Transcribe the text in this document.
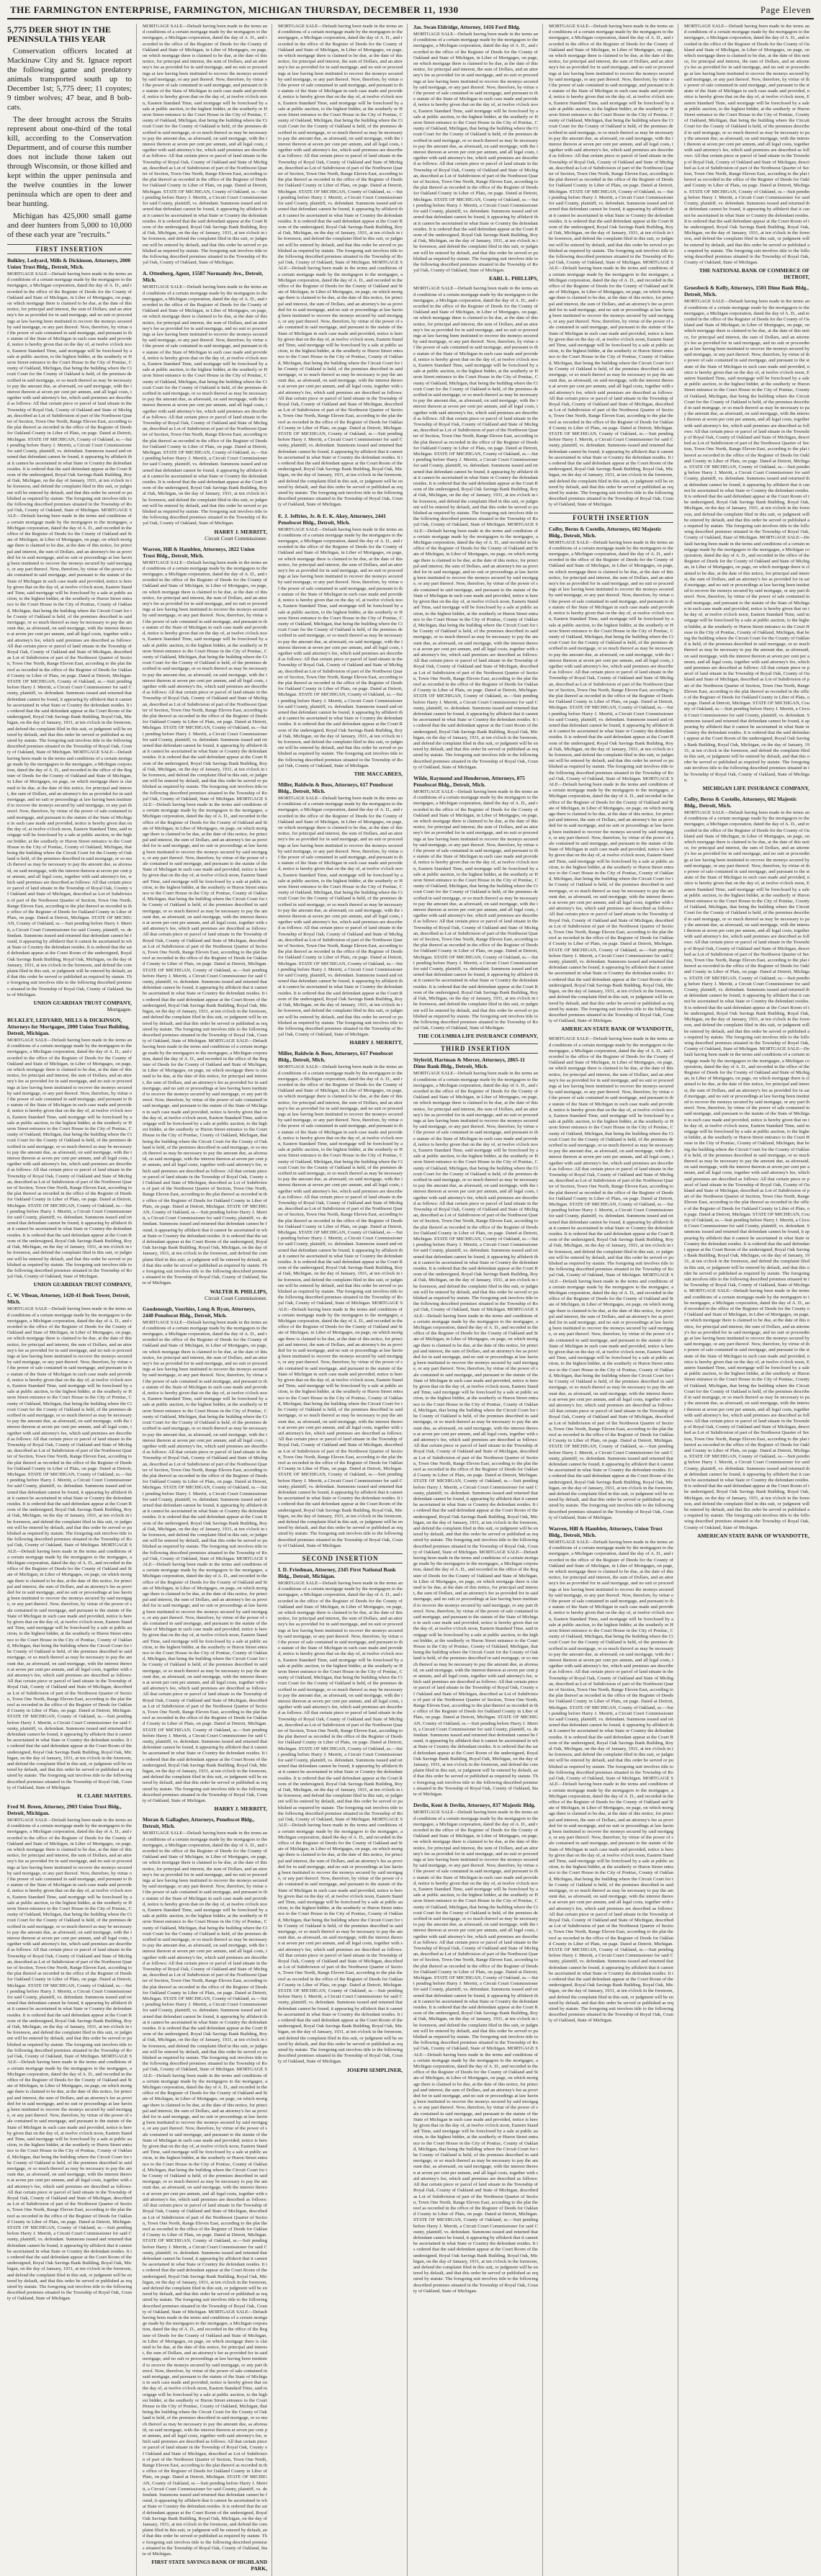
THE FARMINGTON ENTERPRISE, FARMINGTON, MICHIGAN THURSDAY, DECEMBER 11, 1930	Page Eleven
5,775 DEER SHOT IN THE PENINSULA THIS YEAR

Conservation officers located at Mackinaw City and St. Ignace report the following game and predatory animals transported south up to December 1st; 5,775 deer; 11 coyotes; 9 timber wolves; 47 bear, and 8 bob-cats.

The deer brought across the Straits represent about one-third of the total kill, according to the Conservation Department, and of course this number does not include those taken out through Wisconsin, or those killed and kept within the upper peninsula and the twelve counties in the lower peninsula which are open to deer and bear hunting.

Michigan has 425,000 small game and deer hunters from 5,000 to 10,000 of these each year are "recruits."

FIRST INSERTION
Bulkley, Ledyard, Mills & Dickinson, Attorneys, 2000 Union Trust Bldg., Detroit, Mich.
MORTGAGE SALE—Default having been made in the terms and conditions of a certain mortgage made by the mortgagors to the mortgagee, a Michigan corporation, dated the day of A. D., and recorded in the office of the Register of Deeds for the County of Oakland and State of Michigan, in Liber of Mortgages, on page, on which mortgage there is claimed to be due, at the date of this notice, for principal and interest, the sum of Dollars, and an attorney's fee as provided for in said mortgage, and no suit or proceedings at law having been instituted to recover the moneys secured by said mortgage, or any part thereof. Now, therefore, by virtue of the power of sale contained in said mortgage, and pursuant to the statute of the State of Michigan in such case made and provided, notice is hereby given that on the day of, at twelve o'clock noon, Eastern Standard Time, said mortgage will be foreclosed by a sale at public auction, to the highest bidder, at the southerly or Huron Street entrance to the Court House in the City of Pontiac, County of Oakland, Michigan, that being the building where the Circuit Court for the County of Oakland is held, of the premises described in said mortgage, or so much thereof as may be necessary to pay the amount due, as aforesaid, on said mortgage, with the interest thereon at seven per cent per annum, and all legal costs, together with said attorney's fee, which said premises are described as follows: All that certain piece or parcel of land situate in the Township of Royal Oak, County of Oakland and State of Michigan, described as Lot of Subdivision of part of the Northwest Quarter of Section, Town One North, Range Eleven East, according to the plat thereof as recorded in the office of the Register of Deeds for Oakland County in Liber of Plats, on page. Dated at Detroit, Michigan. STATE OF MICHIGAN, County of Oakland, ss.—Suit pending before Harry J. Merritt, a Circuit Court Commissioner for said County, plaintiff, vs. defendant. Summons issued and returned that defendant cannot be found, it appearing by affidavit that it cannot be ascertained in what State or Country the defendant resides. It is ordered that the said defendant appear at the Court Room of the undersigned, Royal Oak Savings Bank Building, Royal Oak, Michigan, on the day of January, 1931, at ten o'clock in the forenoon, and defend the complaint filed in this suit, or judgment will be entered by default, and that this order be served or published as required by statute. The foregoing suit involves title to the following described premises situated in the Township of Royal Oak, County of Oakland, State of Michigan. MORTGAGE SALE—Default having been made in the terms and conditions of a certain mortgage made by the mortgagors to the mortgagee, a Michigan corporation, dated the day of A. D., and recorded in the office of the Register of Deeds for the County of Oakland and State of Michigan, in Liber of Mortgages, on page, on which mortgage there is claimed to be due, at the date of this notice, for principal and interest, the sum of Dollars, and an attorney's fee as provided for in said mortgage, and no suit or proceedings at law having been instituted to recover the moneys secured by said mortgage, or any part thereof. Now, therefore, by virtue of the power of sale contained in said mortgage, and pursuant to the statute of the State of Michigan in such case made and provided, notice is hereby given that on the day of, at twelve o'clock noon, Eastern Standard Time, said mortgage will be foreclosed by a sale at public auction, to the highest bidder, at the southerly or Huron Street entrance to the Court House in the City of Pontiac, County of Oakland, Michigan, that being the building where the Circuit Court for the County of Oakland is held, of the premises described in said mortgage, or so much thereof as may be necessary to pay the amount due, as aforesaid, on said mortgage, with the interest thereon at seven per cent per annum, and all legal costs, together with said attorney's fee, which said premises are described as follows: All that certain piece or parcel of land situate in the Township of Royal Oak, County of Oakland and State of Michigan, described as Lot of Subdivision of part of the Northwest Quarter of Section, Town One North, Range Eleven East, according to the plat thereof as recorded in the office of the Register of Deeds for Oakland County in Liber of Plats, on page. Dated at Detroit, Michigan. STATE OF MICHIGAN, County of Oakland, ss.—Suit pending before Harry J. Merritt, a Circuit Court Commissioner for said County, plaintiff, vs. defendant. Summons issued and returned that defendant cannot be found, it appearing by affidavit that it cannot be ascertained in what State or Country the defendant resides. It is ordered that the said defendant appear at the Court Room of the undersigned, Royal Oak Savings Bank Building, Royal Oak, Michigan, on the day of January, 1931, at ten o'clock in the forenoon, and defend the complaint filed in this suit, or judgment will be entered by default, and that this order be served or published as required by statute. The foregoing suit involves title to the following described premises situated in the Township of Royal Oak, County of Oakland, State of Michigan. MORTGAGE SALE—Default having been made in the terms and conditions of a certain mortgage made by the mortgagors to the mortgagee, a Michigan corporation, dated the day of A. D., and recorded in the office of the Register of Deeds for the County of Oakland and State of Michigan, in Liber of Mortgages, on page, on which mortgage there is claimed to be due, at the date of this notice, for principal and interest, the sum of Dollars, and an attorney's fee as provided for in said mortgage, and no suit or proceedings at law having been instituted to recover the moneys secured by said mortgage, or any part thereof. Now, therefore, by virtue of the power of sale contained in said mortgage, and pursuant to the statute of the State of Michigan in such case made and provided, notice is hereby given that on the day of, at twelve o'clock noon, Eastern Standard Time, said mortgage will be foreclosed by a sale at public auction, to the highest bidder, at the southerly or Huron Street entrance to the Court House in the City of Pontiac, County of Oakland, Michigan, that being the building where the Circuit Court for the County of Oakland is held, of the premises described in said mortgage, or so much thereof as may be necessary to pay the amount due, as aforesaid, on said mortgage, with the interest thereon at seven per cent per annum, and all legal costs, together with said attorney's fee, which said premises are described as follows: All that certain piece or parcel of land situate in the Township of Royal Oak, County of Oakland and State of Michigan, described as Lot of Subdivision of part of the Northwest Quarter of Section, Town One North, Range Eleven East, according to the plat thereof as recorded in the office of the Register of Deeds for Oakland County in Liber of Plats, on page. Dated at Detroit, Michigan. STATE OF MICHIGAN, County of Oakland, ss.—Suit pending before Harry J. Merritt, a Circuit Court Commissioner for said County, plaintiff, vs. defendant. Summons issued and returned that defendant cannot be found, it appearing by affidavit that it cannot be ascertained in what State or Country the defendant resides. It is ordered that the said defendant appear at the Court Room of the undersigned, Royal Oak Savings Bank Building, Royal Oak, Michigan, on the day of January, 1931, at ten o'clock in the forenoon, and defend the complaint filed in this suit, or judgment will be entered by default, and that this order be served or published as required by statute. The foregoing suit involves title to the following described premises situated in the Township of Royal Oak, County of Oakland, State of Michigan.
UNION GUARDIAN TRUST COMPANY,
Mortgagee.
BULKLEY, LEDYARD, MILLS & DICKINSON, Attorneys for Mortgagee, 2000 Union Trust Building, Detroit, Michigan.
MORTGAGE SALE—Default having been made in the terms and conditions of a certain mortgage made by the mortgagors to the mortgagee, a Michigan corporation, dated the day of A. D., and recorded in the office of the Register of Deeds for the County of Oakland and State of Michigan, in Liber of Mortgages, on page, on which mortgage there is claimed to be due, at the date of this notice, for principal and interest, the sum of Dollars, and an attorney's fee as provided for in said mortgage, and no suit or proceedings at law having been instituted to recover the moneys secured by said mortgage, or any part thereof. Now, therefore, by virtue of the power of sale contained in said mortgage, and pursuant to the statute of the State of Michigan in such case made and provided, notice is hereby given that on the day of, at twelve o'clock noon, Eastern Standard Time, said mortgage will be foreclosed by a sale at public auction, to the highest bidder, at the southerly or Huron Street entrance to the Court House in the City of Pontiac, County of Oakland, Michigan, that being the building where the Circuit Court for the County of Oakland is held, of the premises described in said mortgage, or so much thereof as may be necessary to pay the amount due, as aforesaid, on said mortgage, with the interest thereon at seven per cent per annum, and all legal costs, together with said attorney's fee, which said premises are described as follows: All that certain piece or parcel of land situate in the Township of Royal Oak, County of Oakland and State of Michigan, described as Lot of Subdivision of part of the Northwest Quarter of Section, Town One North, Range Eleven East, according to the plat thereof as recorded in the office of the Register of Deeds for Oakland County in Liber of Plats, on page. Dated at Detroit, Michigan. STATE OF MICHIGAN, County of Oakland, ss.—Suit pending before Harry J. Merritt, a Circuit Court Commissioner for said County, plaintiff, vs. defendant. Summons issued and returned that defendant cannot be found, it appearing by affidavit that it cannot be ascertained in what State or Country the defendant resides. It is ordered that the said defendant appear at the Court Room of the undersigned, Royal Oak Savings Bank Building, Royal Oak, Michigan, on the day of January, 1931, at ten o'clock in the forenoon, and defend the complaint filed in this suit, or judgment will be entered by default, and that this order be served or published as required by statute. The foregoing suit involves title to the following described premises situated in the Township of Royal Oak, County of Oakland, State of Michigan.
UNION GUARDIAN TRUST COMPANY,
C. W. Vibean, Attorney, 1420-41 Book Tower, Detroit, Mich.
MORTGAGE SALE—Default having been made in the terms and conditions of a certain mortgage made by the mortgagors to the mortgagee, a Michigan corporation, dated the day of A. D., and recorded in the office of the Register of Deeds for the County of Oakland and State of Michigan, in Liber of Mortgages, on page, on which mortgage there is claimed to be due, at the date of this notice, for principal and interest, the sum of Dollars, and an attorney's fee as provided for in said mortgage, and no suit or proceedings at law having been instituted to recover the moneys secured by said mortgage, or any part thereof. Now, therefore, by virtue of the power of sale contained in said mortgage, and pursuant to the statute of the State of Michigan in such case made and provided, notice is hereby given that on the day of, at twelve o'clock noon, Eastern Standard Time, said mortgage will be foreclosed by a sale at public auction, to the highest bidder, at the southerly or Huron Street entrance to the Court House in the City of Pontiac, County of Oakland, Michigan, that being the building where the Circuit Court for the County of Oakland is held, of the premises described in said mortgage, or so much thereof as may be necessary to pay the amount due, as aforesaid, on said mortgage, with the interest thereon at seven per cent per annum, and all legal costs, together with said attorney's fee, which said premises are described as follows: All that certain piece or parcel of land situate in the Township of Royal Oak, County of Oakland and State of Michigan, described as Lot of Subdivision of part of the Northwest Quarter of Section, Town One North, Range Eleven East, according to the plat thereof as recorded in the office of the Register of Deeds for Oakland County in Liber of Plats, on page. Dated at Detroit, Michigan. STATE OF MICHIGAN, County of Oakland, ss.—Suit pending before Harry J. Merritt, a Circuit Court Commissioner for said County, plaintiff, vs. defendant. Summons issued and returned that defendant cannot be found, it appearing by affidavit that it cannot be ascertained in what State or Country the defendant resides. It is ordered that the said defendant appear at the Court Room of the undersigned, Royal Oak Savings Bank Building, Royal Oak, Michigan, on the day of January, 1931, at ten o'clock in the forenoon, and defend the complaint filed in this suit, or judgment will be entered by default, and that this order be served or published as required by statute. The foregoing suit involves title to the following described premises situated in the Township of Royal Oak, County of Oakland, State of Michigan. MORTGAGE SALE—Default having been made in the terms and conditions of a certain mortgage made by the mortgagors to the mortgagee, a Michigan corporation, dated the day of A. D., and recorded in the office of the Register of Deeds for the County of Oakland and State of Michigan, in Liber of Mortgages, on page, on which mortgage there is claimed to be due, at the date of this notice, for principal and interest, the sum of Dollars, and an attorney's fee as provided for in said mortgage, and no suit or proceedings at law having been instituted to recover the moneys secured by said mortgage, or any part thereof. Now, therefore, by virtue of the power of sale contained in said mortgage, and pursuant to the statute of the State of Michigan in such case made and provided, notice is hereby given that on the day of, at twelve o'clock noon, Eastern Standard Time, said mortgage will be foreclosed by a sale at public auction, to the highest bidder, at the southerly or Huron Street entrance to the Court House in the City of Pontiac, County of Oakland, Michigan, that being the building where the Circuit Court for the County of Oakland is held, of the premises described in said mortgage, or so much thereof as may be necessary to pay the amount due, as aforesaid, on said mortgage, with the interest thereon at seven per cent per annum, and all legal costs, together with said attorney's fee, which said premises are described as follows: All that certain piece or parcel of land situate in the Township of Royal Oak, County of Oakland and State of Michigan, described as Lot of Subdivision of part of the Northwest Quarter of Section, Town One North, Range Eleven East, according to the plat thereof as recorded in the office of the Register of Deeds for Oakland County in Liber of Plats, on page. Dated at Detroit, Michigan. STATE OF MICHIGAN, County of Oakland, ss.—Suit pending before Harry J. Merritt, a Circuit Court Commissioner for said County, plaintiff, vs. defendant. Summons issued and returned that defendant cannot be found, it appearing by affidavit that it cannot be ascertained in what State or Country the defendant resides. It is ordered that the said defendant appear at the Court Room of the undersigned, Royal Oak Savings Bank Building, Royal Oak, Michigan, on the day of January, 1931, at ten o'clock in the forenoon, and defend the complaint filed in this suit, or judgment will be entered by default, and that this order be served or published as required by statute. The foregoing suit involves title to the following described premises situated in the Township of Royal Oak, County of Oakland, State of Michigan.
H. CLARE MASTERS.
Fred M. Breen, Attorney, 2903 Union Trust Bldg., Detroit, Michigan.
MORTGAGE SALE—Default having been made in the terms and conditions of a certain mortgage made by the mortgagors to the mortgagee, a Michigan corporation, dated the day of A. D., and recorded in the office of the Register of Deeds for the County of Oakland and State of Michigan, in Liber of Mortgages, on page, on which mortgage there is claimed to be due, at the date of this notice, for principal and interest, the sum of Dollars, and an attorney's fee as provided for in said mortgage, and no suit or proceedings at law having been instituted to recover the moneys secured by said mortgage, or any part thereof. Now, therefore, by virtue of the power of sale contained in said mortgage, and pursuant to the statute of the State of Michigan in such case made and provided, notice is hereby given that on the day of, at twelve o'clock noon, Eastern Standard Time, said mortgage will be foreclosed by a sale at public auction, to the highest bidder, at the southerly or Huron Street entrance to the Court House in the City of Pontiac, County of Oakland, Michigan, that being the building where the Circuit Court for the County of Oakland is held, of the premises described in said mortgage, or so much thereof as may be necessary to pay the amount due, as aforesaid, on said mortgage, with the interest thereon at seven per cent per annum, and all legal costs, together with said attorney's fee, which said premises are described as follows: All that certain piece or parcel of land situate in the Township of Royal Oak, County of Oakland and State of Michigan, described as Lot of Subdivision of part of the Northwest Quarter of Section, Town One North, Range Eleven East, according to the plat thereof as recorded in the office of the Register of Deeds for Oakland County in Liber of Plats, on page. Dated at Detroit, Michigan. STATE OF MICHIGAN, County of Oakland, ss.—Suit pending before Harry J. Merritt, a Circuit Court Commissioner for said County, plaintiff, vs. defendant. Summons issued and returned that defendant cannot be found, it appearing by affidavit that it cannot be ascertained in what State or Country the defendant resides. It is ordered that the said defendant appear at the Court Room of the undersigned, Royal Oak Savings Bank Building, Royal Oak, Michigan, on the day of January, 1931, at ten o'clock in the forenoon, and defend the complaint filed in this suit, or judgment will be entered by default, and that this order be served or published as required by statute. The foregoing suit involves title to the following described premises situated in the Township of Royal Oak, County of Oakland, State of Michigan. MORTGAGE SALE—Default having been made in the terms and conditions of a certain mortgage made by the mortgagors to the mortgagee, a Michigan corporation, dated the day of A. D., and recorded in the office of the Register of Deeds for the County of Oakland and State of Michigan, in Liber of Mortgages, on page, on which mortgage there is claimed to be due, at the date of this notice, for principal and interest, the sum of Dollars, and an attorney's fee as provided for in said mortgage, and no suit or proceedings at law having been instituted to recover the moneys secured by said mortgage, or any part thereof. Now, therefore, by virtue of the power of sale contained in said mortgage, and pursuant to the statute of the State of Michigan in such case made and provided, notice is hereby given that on the day of, at twelve o'clock noon, Eastern Standard Time, said mortgage will be foreclosed by a sale at public auction, to the highest bidder, at the southerly or Huron Street entrance to the Court House in the City of Pontiac, County of Oakland, Michigan, that being the building where the Circuit Court for the County of Oakland is held, of the premises described in said mortgage, or so much thereof as may be necessary to pay the amount due, as aforesaid, on said mortgage, with the interest thereon at seven per cent per annum, and all legal costs, together with said attorney's fee, which said premises are described as follows: All that certain piece or parcel of land situate in the Township of Royal Oak, County of Oakland and State of Michigan, described as Lot of Subdivision of part of the Northwest Quarter of Section, Town One North, Range Eleven East, according to the plat thereof as recorded in the office of the Register of Deeds for Oakland County in Liber of Plats, on page. Dated at Detroit, Michigan. STATE OF MICHIGAN, County of Oakland, ss.—Suit pending before Harry J. Merritt, a Circuit Court Commissioner for said County, plaintiff, vs. defendant. Summons issued and returned that defendant cannot be found, it appearing by affidavit that it cannot be ascertained in what State or Country the defendant resides. It is ordered that the said defendant appear at the Court Room of the undersigned, Royal Oak Savings Bank Building, Royal Oak, Michigan, on the day of January, 1931, at ten o'clock in the forenoon, and defend the complaint filed in this suit, or judgment will be entered by default, and that this order be served or published as required by statute. The foregoing suit involves title to the following described premises situated in the Township of Royal Oak, County of Oakland, State of Michigan.
MORTGAGE SALE—Default having been made in the terms and conditions of a certain mortgage made by the mortgagors to the mortgagee, a Michigan corporation, dated the day of A. D., and recorded in the office of the Register of Deeds for the County of Oakland and State of Michigan, in Liber of Mortgages, on page, on which mortgage there is claimed to be due, at the date of this notice, for principal and interest, the sum of Dollars, and an attorney's fee as provided for in said mortgage, and no suit or proceedings at law having been instituted to recover the moneys secured by said mortgage, or any part thereof. Now, therefore, by virtue of the power of sale contained in said mortgage, and pursuant to the statute of the State of Michigan in such case made and provided, notice is hereby given that on the day of, at twelve o'clock noon, Eastern Standard Time, said mortgage will be foreclosed by a sale at public auction, to the highest bidder, at the southerly or Huron Street entrance to the Court House in the City of Pontiac, County of Oakland, Michigan, that being the building where the Circuit Court for the County of Oakland is held, of the premises described in said mortgage, or so much thereof as may be necessary to pay the amount due, as aforesaid, on said mortgage, with the interest thereon at seven per cent per annum, and all legal costs, together with said attorney's fee, which said premises are described as follows: All that certain piece or parcel of land situate in the Township of Royal Oak, County of Oakland and State of Michigan, described as Lot of Subdivision of part of the Northwest Quarter of Section, Town One North, Range Eleven East, according to the plat thereof as recorded in the office of the Register of Deeds for Oakland County in Liber of Plats, on page. Dated at Detroit, Michigan. STATE OF MICHIGAN, County of Oakland, ss.—Suit pending before Harry J. Merritt, a Circuit Court Commissioner for said County, plaintiff, vs. defendant. Summons issued and returned that defendant cannot be found, it appearing by affidavit that it cannot be ascertained in what State or Country the defendant resides. It is ordered that the said defendant appear at the Court Room of the undersigned, Royal Oak Savings Bank Building, Royal Oak, Michigan, on the day of January, 1931, at ten o'clock in the forenoon, and defend the complaint filed in this suit, or judgment will be entered by default, and that this order be served or published as required by statute. The foregoing suit involves title to the following described premises situated in the Township of Royal Oak, County of Oakland, State of Michigan.
A. Ottenberg, Agent, 15587 Normandy Ave., Detroit, Mich.
MORTGAGE SALE—Default having been made in the terms and conditions of a certain mortgage made by the mortgagors to the mortgagee, a Michigan corporation, dated the day of A. D., and recorded in the office of the Register of Deeds for the County of Oakland and State of Michigan, in Liber of Mortgages, on page, on which mortgage there is claimed to be due, at the date of this notice, for principal and interest, the sum of Dollars, and an attorney's fee as provided for in said mortgage, and no suit or proceedings at law having been instituted to recover the moneys secured by said mortgage, or any part thereof. Now, therefore, by virtue of the power of sale contained in said mortgage, and pursuant to the statute of the State of Michigan in such case made and provided, notice is hereby given that on the day of, at twelve o'clock noon, Eastern Standard Time, said mortgage will be foreclosed by a sale at public auction, to the highest bidder, at the southerly or Huron Street entrance to the Court House in the City of Pontiac, County of Oakland, Michigan, that being the building where the Circuit Court for the County of Oakland is held, of the premises described in said mortgage, or so much thereof as may be necessary to pay the amount due, as aforesaid, on said mortgage, with the interest thereon at seven per cent per annum, and all legal costs, together with said attorney's fee, which said premises are described as follows: All that certain piece or parcel of land situate in the Township of Royal Oak, County of Oakland and State of Michigan, described as Lot of Subdivision of part of the Northwest Quarter of Section, Town One North, Range Eleven East, according to the plat thereof as recorded in the office of the Register of Deeds for Oakland County in Liber of Plats, on page. Dated at Detroit, Michigan. STATE OF MICHIGAN, County of Oakland, ss.—Suit pending before Harry J. Merritt, a Circuit Court Commissioner for said County, plaintiff, vs. defendant. Summons issued and returned that defendant cannot be found, it appearing by affidavit that it cannot be ascertained in what State or Country the defendant resides. It is ordered that the said defendant appear at the Court Room of the undersigned, Royal Oak Savings Bank Building, Royal Oak, Michigan, on the day of January, 1931, at ten o'clock in the forenoon, and defend the complaint filed in this suit, or judgment will be entered by default, and that this order be served or published as required by statute. The foregoing suit involves title to the following described premises situated in the Township of Royal Oak, County of Oakland, State of Michigan.
HARRY J. MERRITT,
Circuit Court Commissioner.
Warren, Hill & Hamblen, Attorneys, 2822 Union Trust Bldg., Detroit, Mich.
MORTGAGE SALE—Default having been made in the terms and conditions of a certain mortgage made by the mortgagors to the mortgagee, a Michigan corporation, dated the day of A. D., and recorded in the office of the Register of Deeds for the County of Oakland and State of Michigan, in Liber of Mortgages, on page, on which mortgage there is claimed to be due, at the date of this notice, for principal and interest, the sum of Dollars, and an attorney's fee as provided for in said mortgage, and no suit or proceedings at law having been instituted to recover the moneys secured by said mortgage, or any part thereof. Now, therefore, by virtue of the power of sale contained in said mortgage, and pursuant to the statute of the State of Michigan in such case made and provided, notice is hereby given that on the day of, at twelve o'clock noon, Eastern Standard Time, said mortgage will be foreclosed by a sale at public auction, to the highest bidder, at the southerly or Huron Street entrance to the Court House in the City of Pontiac, County of Oakland, Michigan, that being the building where the Circuit Court for the County of Oakland is held, of the premises described in said mortgage, or so much thereof as may be necessary to pay the amount due, as aforesaid, on said mortgage, with the interest thereon at seven per cent per annum, and all legal costs, together with said attorney's fee, which said premises are described as follows: All that certain piece or parcel of land situate in the Township of Royal Oak, County of Oakland and State of Michigan, described as Lot of Subdivision of part of the Northwest Quarter of Section, Town One North, Range Eleven East, according to the plat thereof as recorded in the office of the Register of Deeds for Oakland County in Liber of Plats, on page. Dated at Detroit, Michigan. STATE OF MICHIGAN, County of Oakland, ss.—Suit pending before Harry J. Merritt, a Circuit Court Commissioner for said County, plaintiff, vs. defendant. Summons issued and returned that defendant cannot be found, it appearing by affidavit that it cannot be ascertained in what State or Country the defendant resides. It is ordered that the said defendant appear at the Court Room of the undersigned, Royal Oak Savings Bank Building, Royal Oak, Michigan, on the day of January, 1931, at ten o'clock in the forenoon, and defend the complaint filed in this suit, or judgment will be entered by default, and that this order be served or published as required by statute. The foregoing suit involves title to the following described premises situated in the Township of Royal Oak, County of Oakland, State of Michigan. MORTGAGE SALE—Default having been made in the terms and conditions of a certain mortgage made by the mortgagors to the mortgagee, a Michigan corporation, dated the day of A. D., and recorded in the office of the Register of Deeds for the County of Oakland and State of Michigan, in Liber of Mortgages, on page, on which mortgage there is claimed to be due, at the date of this notice, for principal and interest, the sum of Dollars, and an attorney's fee as provided for in said mortgage, and no suit or proceedings at law having been instituted to recover the moneys secured by said mortgage, or any part thereof. Now, therefore, by virtue of the power of sale contained in said mortgage, and pursuant to the statute of the State of Michigan in such case made and provided, notice is hereby given that on the day of, at twelve o'clock noon, Eastern Standard Time, said mortgage will be foreclosed by a sale at public auction, to the highest bidder, at the southerly or Huron Street entrance to the Court House in the City of Pontiac, County of Oakland, Michigan, that being the building where the Circuit Court for the County of Oakland is held, of the premises described in said mortgage, or so much thereof as may be necessary to pay the amount due, as aforesaid, on said mortgage, with the interest thereon at seven per cent per annum, and all legal costs, together with said attorney's fee, which said premises are described as follows: All that certain piece or parcel of land situate in the Township of Royal Oak, County of Oakland and State of Michigan, described as Lot of Subdivision of part of the Northwest Quarter of Section, Town One North, Range Eleven East, according to the plat thereof as recorded in the office of the Register of Deeds for Oakland County in Liber of Plats, on page. Dated at Detroit, Michigan. STATE OF MICHIGAN, County of Oakland, ss.—Suit pending before Harry J. Merritt, a Circuit Court Commissioner for said County, plaintiff, vs. defendant. Summons issued and returned that defendant cannot be found, it appearing by affidavit that it cannot be ascertained in what State or Country the defendant resides. It is ordered that the said defendant appear at the Court Room of the undersigned, Royal Oak Savings Bank Building, Royal Oak, Michigan, on the day of January, 1931, at ten o'clock in the forenoon, and defend the complaint filed in this suit, or judgment will be entered by default, and that this order be served or published as required by statute. The foregoing suit involves title to the following described premises situated in the Township of Royal Oak, County of Oakland, State of Michigan. MORTGAGE SALE—Default having been made in the terms and conditions of a certain mortgage made by the mortgagors to the mortgagee, a Michigan corporation, dated the day of A. D., and recorded in the office of the Register of Deeds for the County of Oakland and State of Michigan, in Liber of Mortgages, on page, on which mortgage there is claimed to be due, at the date of this notice, for principal and interest, the sum of Dollars, and an attorney's fee as provided for in said mortgage, and no suit or proceedings at law having been instituted to recover the moneys secured by said mortgage, or any part thereof. Now, therefore, by virtue of the power of sale contained in said mortgage, and pursuant to the statute of the State of Michigan in such case made and provided, notice is hereby given that on the day of, at twelve o'clock noon, Eastern Standard Time, said mortgage will be foreclosed by a sale at public auction, to the highest bidder, at the southerly or Huron Street entrance to the Court House in the City of Pontiac, County of Oakland, Michigan, that being the building where the Circuit Court for the County of Oakland is held, of the premises described in said mortgage, or so much thereof as may be necessary to pay the amount due, as aforesaid, on said mortgage, with the interest thereon at seven per cent per annum, and all legal costs, together with said attorney's fee, which said premises are described as follows: All that certain piece or parcel of land situate in the Township of Royal Oak, County of Oakland and State of Michigan, described as Lot of Subdivision of part of the Northwest Quarter of Section, Town One North, Range Eleven East, according to the plat thereof as recorded in the office of the Register of Deeds for Oakland County in Liber of Plats, on page. Dated at Detroit, Michigan. STATE OF MICHIGAN, County of Oakland, ss.—Suit pending before Harry J. Merritt, a Circuit Court Commissioner for said County, plaintiff, vs. defendant. Summons issued and returned that defendant cannot be found, it appearing by affidavit that it cannot be ascertained in what State or Country the defendant resides. It is ordered that the said defendant appear at the Court Room of the undersigned, Royal Oak Savings Bank Building, Royal Oak, Michigan, on the day of January, 1931, at ten o'clock in the forenoon, and defend the complaint filed in this suit, or judgment will be entered by default, and that this order be served or published as required by statute. The foregoing suit involves title to the following described premises situated in the Township of Royal Oak, County of Oakland, State of Michigan.
WALTER B. PHILLIPS,
Circuit Court Commissioner.
Goodenough, Voorhies, Long & Ryan, Attorneys, 2440 Penobscot Bldg., Detroit, Mich.
MORTGAGE SALE—Default having been made in the terms and conditions of a certain mortgage made by the mortgagors to the mortgagee, a Michigan corporation, dated the day of A. D., and recorded in the office of the Register of Deeds for the County of Oakland and State of Michigan, in Liber of Mortgages, on page, on which mortgage there is claimed to be due, at the date of this notice, for principal and interest, the sum of Dollars, and an attorney's fee as provided for in said mortgage, and no suit or proceedings at law having been instituted to recover the moneys secured by said mortgage, or any part thereof. Now, therefore, by virtue of the power of sale contained in said mortgage, and pursuant to the statute of the State of Michigan in such case made and provided, notice is hereby given that on the day of, at twelve o'clock noon, Eastern Standard Time, said mortgage will be foreclosed by a sale at public auction, to the highest bidder, at the southerly or Huron Street entrance to the Court House in the City of Pontiac, County of Oakland, Michigan, that being the building where the Circuit Court for the County of Oakland is held, of the premises described in said mortgage, or so much thereof as may be necessary to pay the amount due, as aforesaid, on said mortgage, with the interest thereon at seven per cent per annum, and all legal costs, together with said attorney's fee, which said premises are described as follows: All that certain piece or parcel of land situate in the Township of Royal Oak, County of Oakland and State of Michigan, described as Lot of Subdivision of part of the Northwest Quarter of Section, Town One North, Range Eleven East, according to the plat thereof as recorded in the office of the Register of Deeds for Oakland County in Liber of Plats, on page. Dated at Detroit, Michigan. STATE OF MICHIGAN, County of Oakland, ss.—Suit pending before Harry J. Merritt, a Circuit Court Commissioner for said County, plaintiff, vs. defendant. Summons issued and returned that defendant cannot be found, it appearing by affidavit that it cannot be ascertained in what State or Country the defendant resides. It is ordered that the said defendant appear at the Court Room of the undersigned, Royal Oak Savings Bank Building, Royal Oak, Michigan, on the day of January, 1931, at ten o'clock in the forenoon, and defend the complaint filed in this suit, or judgment will be entered by default, and that this order be served or published as required by statute. The foregoing suit involves title to the following described premises situated in the Township of Royal Oak, County of Oakland, State of Michigan. MORTGAGE SALE—Default having been made in the terms and conditions of a certain mortgage made by the mortgagors to the mortgagee, a Michigan corporation, dated the day of A. D., and recorded in the office of the Register of Deeds for the County of Oakland and State of Michigan, in Liber of Mortgages, on page, on which mortgage there is claimed to be due, at the date of this notice, for principal and interest, the sum of Dollars, and an attorney's fee as provided for in said mortgage, and no suit or proceedings at law having been instituted to recover the moneys secured by said mortgage, or any part thereof. Now, therefore, by virtue of the power of sale contained in said mortgage, and pursuant to the statute of the State of Michigan in such case made and provided, notice is hereby given that on the day of, at twelve o'clock noon, Eastern Standard Time, said mortgage will be foreclosed by a sale at public auction, to the highest bidder, at the southerly or Huron Street entrance to the Court House in the City of Pontiac, County of Oakland, Michigan, that being the building where the Circuit Court for the County of Oakland is held, of the premises described in said mortgage, or so much thereof as may be necessary to pay the amount due, as aforesaid, on said mortgage, with the interest thereon at seven per cent per annum, and all legal costs, together with said attorney's fee, which said premises are described as follows: All that certain piece or parcel of land situate in the Township of Royal Oak, County of Oakland and State of Michigan, described as Lot of Subdivision of part of the Northwest Quarter of Section, Town One North, Range Eleven East, according to the plat thereof as recorded in the office of the Register of Deeds for Oakland County in Liber of Plats, on page. Dated at Detroit, Michigan. STATE OF MICHIGAN, County of Oakland, ss.—Suit pending before Harry J. Merritt, a Circuit Court Commissioner for said County, plaintiff, vs. defendant. Summons issued and returned that defendant cannot be found, it appearing by affidavit that it cannot be ascertained in what State or Country the defendant resides. It is ordered that the said defendant appear at the Court Room of the undersigned, Royal Oak Savings Bank Building, Royal Oak, Michigan, on the day of January, 1931, at ten o'clock in the forenoon, and defend the complaint filed in this suit, or judgment will be entered by default, and that this order be served or published as required by statute. The foregoing suit involves title to the following described premises situated in the Township of Royal Oak, County of Oakland, State of Michigan.
HARRY J. MERRITT,
Moran & Gallagher, Attorneys, Penobscot Bldg., Detroit, Mich.
MORTGAGE SALE—Default having been made in the terms and conditions of a certain mortgage made by the mortgagors to the mortgagee, a Michigan corporation, dated the day of A. D., and recorded in the office of the Register of Deeds for the County of Oakland and State of Michigan, in Liber of Mortgages, on page, on which mortgage there is claimed to be due, at the date of this notice, for principal and interest, the sum of Dollars, and an attorney's fee as provided for in said mortgage, and no suit or proceedings at law having been instituted to recover the moneys secured by said mortgage, or any part thereof. Now, therefore, by virtue of the power of sale contained in said mortgage, and pursuant to the statute of the State of Michigan in such case made and provided, notice is hereby given that on the day of, at twelve o'clock noon, Eastern Standard Time, said mortgage will be foreclosed by a sale at public auction, to the highest bidder, at the southerly or Huron Street entrance to the Court House in the City of Pontiac, County of Oakland, Michigan, that being the building where the Circuit Court for the County of Oakland is held, of the premises described in said mortgage, or so much thereof as may be necessary to pay the amount due, as aforesaid, on said mortgage, with the interest thereon at seven per cent per annum, and all legal costs, together with said attorney's fee, which said premises are described as follows: All that certain piece or parcel of land situate in the Township of Royal Oak, County of Oakland and State of Michigan, described as Lot of Subdivision of part of the Northwest Quarter of Section, Town One North, Range Eleven East, according to the plat thereof as recorded in the office of the Register of Deeds for Oakland County in Liber of Plats, on page. Dated at Detroit, Michigan. STATE OF MICHIGAN, County of Oakland, ss.—Suit pending before Harry J. Merritt, a Circuit Court Commissioner for said County, plaintiff, vs. defendant. Summons issued and returned that defendant cannot be found, it appearing by affidavit that it cannot be ascertained in what State or Country the defendant resides. It is ordered that the said defendant appear at the Court Room of the undersigned, Royal Oak Savings Bank Building, Royal Oak, Michigan, on the day of January, 1931, at ten o'clock in the forenoon, and defend the complaint filed in this suit, or judgment will be entered by default, and that this order be served or published as required by statute. The foregoing suit involves title to the following described premises situated in the Township of Royal Oak, County of Oakland, State of Michigan. MORTGAGE SALE—Default having been made in the terms and conditions of a certain mortgage made by the mortgagors to the mortgagee, a Michigan corporation, dated the day of A. D., and recorded in the office of the Register of Deeds for the County of Oakland and State of Michigan, in Liber of Mortgages, on page, on which mortgage there is claimed to be due, at the date of this notice, for principal and interest, the sum of Dollars, and an attorney's fee as provided for in said mortgage, and no suit or proceedings at law having been instituted to recover the moneys secured by said mortgage, or any part thereof. Now, therefore, by virtue of the power of sale contained in said mortgage, and pursuant to the statute of the State of Michigan in such case made and provided, notice is hereby given that on the day of, at twelve o'clock noon, Eastern Standard Time, said mortgage will be foreclosed by a sale at public auction, to the highest bidder, at the southerly or Huron Street entrance to the Court House in the City of Pontiac, County of Oakland, Michigan, that being the building where the Circuit Court for the County of Oakland is held, of the premises described in said mortgage, or so much thereof as may be necessary to pay the amount due, as aforesaid, on said mortgage, with the interest thereon at seven per cent per annum, and all legal costs, together with said attorney's fee, which said premises are described as follows: All that certain piece or parcel of land situate in the Township of Royal Oak, County of Oakland and State of Michigan, described as Lot of Subdivision of part of the Northwest Quarter of Section, Town One North, Range Eleven East, according to the plat thereof as recorded in the office of the Register of Deeds for Oakland County in Liber of Plats, on page. Dated at Detroit, Michigan. STATE OF MICHIGAN, County of Oakland, ss.—Suit pending before Harry J. Merritt, a Circuit Court Commissioner for said County, plaintiff, vs. defendant. Summons issued and returned that defendant cannot be found, it appearing by affidavit that it cannot be ascertained in what State or Country the defendant resides. It is ordered that the said defendant appear at the Court Room of the undersigned, Royal Oak Savings Bank Building, Royal Oak, Michigan, on the day of January, 1931, at ten o'clock in the forenoon, and defend the complaint filed in this suit, or judgment will be entered by default, and that this order be served or published as required by statute. The foregoing suit involves title to the following described premises situated in the Township of Royal Oak, County of Oakland, State of Michigan. MORTGAGE SALE—Default having been made in the terms and conditions of a certain mortgage made by the mortgagors to the mortgagee, a Michigan corporation, dated the day of A. D., and recorded in the office of the Register of Deeds for the County of Oakland and State of Michigan, in Liber of Mortgages, on page, on which mortgage there is claimed to be due, at the date of this notice, for principal and interest, the sum of Dollars, and an attorney's fee as provided for in said mortgage, and no suit or proceedings at law having been instituted to recover the moneys secured by said mortgage, or any part thereof. Now, therefore, by virtue of the power of sale contained in said mortgage, and pursuant to the statute of the State of Michigan in such case made and provided, notice is hereby given that on the day of, at twelve o'clock noon, Eastern Standard Time, said mortgage will be foreclosed by a sale at public auction, to the highest bidder, at the southerly or Huron Street entrance to the Court House in the City of Pontiac, County of Oakland, Michigan, that being the building where the Circuit Court for the County of Oakland is held, of the premises described in said mortgage, or so much thereof as may be necessary to pay the amount due, as aforesaid, on said mortgage, with the interest thereon at seven per cent per annum, and all legal costs, together with said attorney's fee, which said premises are described as follows: All that certain piece or parcel of land situate in the Township of Royal Oak, County of Oakland and State of Michigan, described as Lot of Subdivision of part of the Northwest Quarter of Section, Town One North, Range Eleven East, according to the plat thereof as recorded in the office of the Register of Deeds for Oakland County in Liber of Plats, on page. Dated at Detroit, Michigan. STATE OF MICHIGAN, County of Oakland, ss.—Suit pending before Harry J. Merritt, a Circuit Court Commissioner for said County, plaintiff, vs. defendant. Summons issued and returned that defendant cannot be found, it appearing by affidavit that it cannot be ascertained in what State or Country the defendant resides. It is ordered that the said defendant appear at the Court Room of the undersigned, Royal Oak Savings Bank Building, Royal Oak, Michigan, on the day of January, 1931, at ten o'clock in the forenoon, and defend the complaint filed in this suit, or judgment will be entered by default, and that this order be served or published as required by statute. The foregoing suit involves title to the following described premises situated in the Township of Royal Oak, County of Oakland, State of Michigan.
FIRST STATE SAVINGS BANK OF HIGHLAND PARK,
MORTGAGE SALE—Default having been made in the terms and conditions of a certain mortgage made by the mortgagors to the mortgagee, a Michigan corporation, dated the day of A. D., and recorded in the office of the Register of Deeds for the County of Oakland and State of Michigan, in Liber of Mortgages, on page, on which mortgage there is claimed to be due, at the date of this notice, for principal and interest, the sum of Dollars, and an attorney's fee as provided for in said mortgage, and no suit or proceedings at law having been instituted to recover the moneys secured by said mortgage, or any part thereof. Now, therefore, by virtue of the power of sale contained in said mortgage, and pursuant to the statute of the State of Michigan in such case made and provided, notice is hereby given that on the day of, at twelve o'clock noon, Eastern Standard Time, said mortgage will be foreclosed by a sale at public auction, to the highest bidder, at the southerly or Huron Street entrance to the Court House in the City of Pontiac, County of Oakland, Michigan, that being the building where the Circuit Court for the County of Oakland is held, of the premises described in said mortgage, or so much thereof as may be necessary to pay the amount due, as aforesaid, on said mortgage, with the interest thereon at seven per cent per annum, and all legal costs, together with said attorney's fee, which said premises are described as follows: All that certain piece or parcel of land situate in the Township of Royal Oak, County of Oakland and State of Michigan, described as Lot of Subdivision of part of the Northwest Quarter of Section, Town One North, Range Eleven East, according to the plat thereof as recorded in the office of the Register of Deeds for Oakland County in Liber of Plats, on page. Dated at Detroit, Michigan. STATE OF MICHIGAN, County of Oakland, ss.—Suit pending before Harry J. Merritt, a Circuit Court Commissioner for said County, plaintiff, vs. defendant. Summons issued and returned that defendant cannot be found, it appearing by affidavit that it cannot be ascertained in what State or Country the defendant resides. It is ordered that the said defendant appear at the Court Room of the undersigned, Royal Oak Savings Bank Building, Royal Oak, Michigan, on the day of January, 1931, at ten o'clock in the forenoon, and defend the complaint filed in this suit, or judgment will be entered by default, and that this order be served or published as required by statute. The foregoing suit involves title to the following described premises situated in the Township of Royal Oak, County of Oakland, State of Michigan. MORTGAGE SALE—Default having been made in the terms and conditions of a certain mortgage made by the mortgagors to the mortgagee, a Michigan corporation, dated the day of A. D., and recorded in the office of the Register of Deeds for the County of Oakland and State of Michigan, in Liber of Mortgages, on page, on which mortgage there is claimed to be due, at the date of this notice, for principal and interest, the sum of Dollars, and an attorney's fee as provided for in said mortgage, and no suit or proceedings at law having been instituted to recover the moneys secured by said mortgage, or any part thereof. Now, therefore, by virtue of the power of sale contained in said mortgage, and pursuant to the statute of the State of Michigan in such case made and provided, notice is hereby given that on the day of, at twelve o'clock noon, Eastern Standard Time, said mortgage will be foreclosed by a sale at public auction, to the highest bidder, at the southerly or Huron Street entrance to the Court House in the City of Pontiac, County of Oakland, Michigan, that being the building where the Circuit Court for the County of Oakland is held, of the premises described in said mortgage, or so much thereof as may be necessary to pay the amount due, as aforesaid, on said mortgage, with the interest thereon at seven per cent per annum, and all legal costs, together with said attorney's fee, which said premises are described as follows: All that certain piece or parcel of land situate in the Township of Royal Oak, County of Oakland and State of Michigan, described as Lot of Subdivision of part of the Northwest Quarter of Section, Town One North, Range Eleven East, according to the plat thereof as recorded in the office of the Register of Deeds for Oakland County in Liber of Plats, on page. Dated at Detroit, Michigan. STATE OF MICHIGAN, County of Oakland, ss.—Suit pending before Harry J. Merritt, a Circuit Court Commissioner for said County, plaintiff, vs. defendant. Summons issued and returned that defendant cannot be found, it appearing by affidavit that it cannot be ascertained in what State or Country the defendant resides. It is ordered that the said defendant appear at the Court Room of the undersigned, Royal Oak Savings Bank Building, Royal Oak, Michigan, on the day of January, 1931, at ten o'clock in the forenoon, and defend the complaint filed in this suit, or judgment will be entered by default, and that this order be served or published as required by statute. The foregoing suit involves title to the following described premises situated in the Township of Royal Oak, County of Oakland, State of Michigan.
E. J. Jeffries, Jr. & E. K. Akey, Attorneys, 2441 Penobscot Bldg., Detroit, Mich.
MORTGAGE SALE—Default having been made in the terms and conditions of a certain mortgage made by the mortgagors to the mortgagee, a Michigan corporation, dated the day of A. D., and recorded in the office of the Register of Deeds for the County of Oakland and State of Michigan, in Liber of Mortgages, on page, on which mortgage there is claimed to be due, at the date of this notice, for principal and interest, the sum of Dollars, and an attorney's fee as provided for in said mortgage, and no suit or proceedings at law having been instituted to recover the moneys secured by said mortgage, or any part thereof. Now, therefore, by virtue of the power of sale contained in said mortgage, and pursuant to the statute of the State of Michigan in such case made and provided, notice is hereby given that on the day of, at twelve o'clock noon, Eastern Standard Time, said mortgage will be foreclosed by a sale at public auction, to the highest bidder, at the southerly or Huron Street entrance to the Court House in the City of Pontiac, County of Oakland, Michigan, that being the building where the Circuit Court for the County of Oakland is held, of the premises described in said mortgage, or so much thereof as may be necessary to pay the amount due, as aforesaid, on said mortgage, with the interest thereon at seven per cent per annum, and all legal costs, together with said attorney's fee, which said premises are described as follows: All that certain piece or parcel of land situate in the Township of Royal Oak, County of Oakland and State of Michigan, described as Lot of Subdivision of part of the Northwest Quarter of Section, Town One North, Range Eleven East, according to the plat thereof as recorded in the office of the Register of Deeds for Oakland County in Liber of Plats, on page. Dated at Detroit, Michigan. STATE OF MICHIGAN, County of Oakland, ss.—Suit pending before Harry J. Merritt, a Circuit Court Commissioner for said County, plaintiff, vs. defendant. Summons issued and returned that defendant cannot be found, it appearing by affidavit that it cannot be ascertained in what State or Country the defendant resides. It is ordered that the said defendant appear at the Court Room of the undersigned, Royal Oak Savings Bank Building, Royal Oak, Michigan, on the day of January, 1931, at ten o'clock in the forenoon, and defend the complaint filed in this suit, or judgment will be entered by default, and that this order be served or published as required by statute. The foregoing suit involves title to the following described premises situated in the Township of Royal Oak, County of Oakland, State of Michigan.
THE MACCABEES,
Miller, Baldwin & Boos, Attorneys, 617 Penobscot Bldg., Detroit, Mich.
MORTGAGE SALE—Default having been made in the terms and conditions of a certain mortgage made by the mortgagors to the mortgagee, a Michigan corporation, dated the day of A. D., and recorded in the office of the Register of Deeds for the County of Oakland and State of Michigan, in Liber of Mortgages, on page, on which mortgage there is claimed to be due, at the date of this notice, for principal and interest, the sum of Dollars, and an attorney's fee as provided for in said mortgage, and no suit or proceedings at law having been instituted to recover the moneys secured by said mortgage, or any part thereof. Now, therefore, by virtue of the power of sale contained in said mortgage, and pursuant to the statute of the State of Michigan in such case made and provided, notice is hereby given that on the day of, at twelve o'clock noon, Eastern Standard Time, said mortgage will be foreclosed by a sale at public auction, to the highest bidder, at the southerly or Huron Street entrance to the Court House in the City of Pontiac, County of Oakland, Michigan, that being the building where the Circuit Court for the County of Oakland is held, of the premises described in said mortgage, or so much thereof as may be necessary to pay the amount due, as aforesaid, on said mortgage, with the interest thereon at seven per cent per annum, and all legal costs, together with said attorney's fee, which said premises are described as follows: All that certain piece or parcel of land situate in the Township of Royal Oak, County of Oakland and State of Michigan, described as Lot of Subdivision of part of the Northwest Quarter of Section, Town One North, Range Eleven East, according to the plat thereof as recorded in the office of the Register of Deeds for Oakland County in Liber of Plats, on page. Dated at Detroit, Michigan. STATE OF MICHIGAN, County of Oakland, ss.—Suit pending before Harry J. Merritt, a Circuit Court Commissioner for said County, plaintiff, vs. defendant. Summons issued and returned that defendant cannot be found, it appearing by affidavit that it cannot be ascertained in what State or Country the defendant resides. It is ordered that the said defendant appear at the Court Room of the undersigned, Royal Oak Savings Bank Building, Royal Oak, Michigan, on the day of January, 1931, at ten o'clock in the forenoon, and defend the complaint filed in this suit, or judgment will be entered by default, and that this order be served or published as required by statute. The foregoing suit involves title to the following described premises situated in the Township of Royal Oak, County of Oakland, State of Michigan.
HARRY J. MERRITT,
Miller, Baldwin & Boos, Attorneys, 617 Penobscot Bldg., Detroit, Mich.
MORTGAGE SALE—Default having been made in the terms and conditions of a certain mortgage made by the mortgagors to the mortgagee, a Michigan corporation, dated the day of A. D., and recorded in the office of the Register of Deeds for the County of Oakland and State of Michigan, in Liber of Mortgages, on page, on which mortgage there is claimed to be due, at the date of this notice, for principal and interest, the sum of Dollars, and an attorney's fee as provided for in said mortgage, and no suit or proceedings at law having been instituted to recover the moneys secured by said mortgage, or any part thereof. Now, therefore, by virtue of the power of sale contained in said mortgage, and pursuant to the statute of the State of Michigan in such case made and provided, notice is hereby given that on the day of, at twelve o'clock noon, Eastern Standard Time, said mortgage will be foreclosed by a sale at public auction, to the highest bidder, at the southerly or Huron Street entrance to the Court House in the City of Pontiac, County of Oakland, Michigan, that being the building where the Circuit Court for the County of Oakland is held, of the premises described in said mortgage, or so much thereof as may be necessary to pay the amount due, as aforesaid, on said mortgage, with the interest thereon at seven per cent per annum, and all legal costs, together with said attorney's fee, which said premises are described as follows: All that certain piece or parcel of land situate in the Township of Royal Oak, County of Oakland and State of Michigan, described as Lot of Subdivision of part of the Northwest Quarter of Section, Town One North, Range Eleven East, according to the plat thereof as recorded in the office of the Register of Deeds for Oakland County in Liber of Plats, on page. Dated at Detroit, Michigan. STATE OF MICHIGAN, County of Oakland, ss.—Suit pending before Harry J. Merritt, a Circuit Court Commissioner for said County, plaintiff, vs. defendant. Summons issued and returned that defendant cannot be found, it appearing by affidavit that it cannot be ascertained in what State or Country the defendant resides. It is ordered that the said defendant appear at the Court Room of the undersigned, Royal Oak Savings Bank Building, Royal Oak, Michigan, on the day of January, 1931, at ten o'clock in the forenoon, and defend the complaint filed in this suit, or judgment will be entered by default, and that this order be served or published as required by statute. The foregoing suit involves title to the following described premises situated in the Township of Royal Oak, County of Oakland, State of Michigan. MORTGAGE SALE—Default having been made in the terms and conditions of a certain mortgage made by the mortgagors to the mortgagee, a Michigan corporation, dated the day of A. D., and recorded in the office of the Register of Deeds for the County of Oakland and State of Michigan, in Liber of Mortgages, on page, on which mortgage there is claimed to be due, at the date of this notice, for principal and interest, the sum of Dollars, and an attorney's fee as provided for in said mortgage, and no suit or proceedings at law having been instituted to recover the moneys secured by said mortgage, or any part thereof. Now, therefore, by virtue of the power of sale contained in said mortgage, and pursuant to the statute of the State of Michigan in such case made and provided, notice is hereby given that on the day of, at twelve o'clock noon, Eastern Standard Time, said mortgage will be foreclosed by a sale at public auction, to the highest bidder, at the southerly or Huron Street entrance to the Court House in the City of Pontiac, County of Oakland, Michigan, that being the building where the Circuit Court for the County of Oakland is held, of the premises described in said mortgage, or so much thereof as may be necessary to pay the amount due, as aforesaid, on said mortgage, with the interest thereon at seven per cent per annum, and all legal costs, together with said attorney's fee, which said premises are described as follows: All that certain piece or parcel of land situate in the Township of Royal Oak, County of Oakland and State of Michigan, described as Lot of Subdivision of part of the Northwest Quarter of Section, Town One North, Range Eleven East, according to the plat thereof as recorded in the office of the Register of Deeds for Oakland County in Liber of Plats, on page. Dated at Detroit, Michigan. STATE OF MICHIGAN, County of Oakland, ss.—Suit pending before Harry J. Merritt, a Circuit Court Commissioner for said County, plaintiff, vs. defendant. Summons issued and returned that defendant cannot be found, it appearing by affidavit that it cannot be ascertained in what State or Country the defendant resides. It is ordered that the said defendant appear at the Court Room of the undersigned, Royal Oak Savings Bank Building, Royal Oak, Michigan, on the day of January, 1931, at ten o'clock in the forenoon, and defend the complaint filed in this suit, or judgment will be entered by default, and that this order be served or published as required by statute. The foregoing suit involves title to the following described premises situated in the Township of Royal Oak, County of Oakland, State of Michigan.
SECOND INSERTION
I. D. Friedman, Attorney, 2345 First National Bank Bldg., Detroit, Michigan.
MORTGAGE SALE—Default having been made in the terms and conditions of a certain mortgage made by the mortgagors to the mortgagee, a Michigan corporation, dated the day of A. D., and recorded in the office of the Register of Deeds for the County of Oakland and State of Michigan, in Liber of Mortgages, on page, on which mortgage there is claimed to be due, at the date of this notice, for principal and interest, the sum of Dollars, and an attorney's fee as provided for in said mortgage, and no suit or proceedings at law having been instituted to recover the moneys secured by said mortgage, or any part thereof. Now, therefore, by virtue of the power of sale contained in said mortgage, and pursuant to the statute of the State of Michigan in such case made and provided, notice is hereby given that on the day of, at twelve o'clock noon, Eastern Standard Time, said mortgage will be foreclosed by a sale at public auction, to the highest bidder, at the southerly or Huron Street entrance to the Court House in the City of Pontiac, County of Oakland, Michigan, that being the building where the Circuit Court for the County of Oakland is held, of the premises described in said mortgage, or so much thereof as may be necessary to pay the amount due, as aforesaid, on said mortgage, with the interest thereon at seven per cent per annum, and all legal costs, together with said attorney's fee, which said premises are described as follows: All that certain piece or parcel of land situate in the Township of Royal Oak, County of Oakland and State of Michigan, described as Lot of Subdivision of part of the Northwest Quarter of Section, Town One North, Range Eleven East, according to the plat thereof as recorded in the office of the Register of Deeds for Oakland County in Liber of Plats, on page. Dated at Detroit, Michigan. STATE OF MICHIGAN, County of Oakland, ss.—Suit pending before Harry J. Merritt, a Circuit Court Commissioner for said County, plaintiff, vs. defendant. Summons issued and returned that defendant cannot be found, it appearing by affidavit that it cannot be ascertained in what State or Country the defendant resides. It is ordered that the said defendant appear at the Court Room of the undersigned, Royal Oak Savings Bank Building, Royal Oak, Michigan, on the day of January, 1931, at ten o'clock in the forenoon, and defend the complaint filed in this suit, or judgment will be entered by default, and that this order be served or published as required by statute. The foregoing suit involves title to the following described premises situated in the Township of Royal Oak, County of Oakland, State of Michigan. MORTGAGE SALE—Default having been made in the terms and conditions of a certain mortgage made by the mortgagors to the mortgagee, a Michigan corporation, dated the day of A. D., and recorded in the office of the Register of Deeds for the County of Oakland and State of Michigan, in Liber of Mortgages, on page, on which mortgage there is claimed to be due, at the date of this notice, for principal and interest, the sum of Dollars, and an attorney's fee as provided for in said mortgage, and no suit or proceedings at law having been instituted to recover the moneys secured by said mortgage, or any part thereof. Now, therefore, by virtue of the power of sale contained in said mortgage, and pursuant to the statute of the State of Michigan in such case made and provided, notice is hereby given that on the day of, at twelve o'clock noon, Eastern Standard Time, said mortgage will be foreclosed by a sale at public auction, to the highest bidder, at the southerly or Huron Street entrance to the Court House in the City of Pontiac, County of Oakland, Michigan, that being the building where the Circuit Court for the County of Oakland is held, of the premises described in said mortgage, or so much thereof as may be necessary to pay the amount due, as aforesaid, on said mortgage, with the interest thereon at seven per cent per annum, and all legal costs, together with said attorney's fee, which said premises are described as follows: All that certain piece or parcel of land situate in the Township of Royal Oak, County of Oakland and State of Michigan, described as Lot of Subdivision of part of the Northwest Quarter of Section, Town One North, Range Eleven East, according to the plat thereof as recorded in the office of the Register of Deeds for Oakland County in Liber of Plats, on page. Dated at Detroit, Michigan. STATE OF MICHIGAN, County of Oakland, ss.—Suit pending before Harry J. Merritt, a Circuit Court Commissioner for said County, plaintiff, vs. defendant. Summons issued and returned that defendant cannot be found, it appearing by affidavit that it cannot be ascertained in what State or Country the defendant resides. It is ordered that the said defendant appear at the Court Room of the undersigned, Royal Oak Savings Bank Building, Royal Oak, Michigan, on the day of January, 1931, at ten o'clock in the forenoon, and defend the complaint filed in this suit, or judgment will be entered by default, and that this order be served or published as required by statute. The foregoing suit involves title to the following described premises situated in the Township of Royal Oak, County of Oakland, State of Michigan.
JOSEPH SEMPLINER,
Jas. Swan Eldridge, Attorney, 1416 Ford Bldg.
MORTGAGE SALE—Default having been made in the terms and conditions of a certain mortgage made by the mortgagors to the mortgagee, a Michigan corporation, dated the day of A. D., and recorded in the office of the Register of Deeds for the County of Oakland and State of Michigan, in Liber of Mortgages, on page, on which mortgage there is claimed to be due, at the date of this notice, for principal and interest, the sum of Dollars, and an attorney's fee as provided for in said mortgage, and no suit or proceedings at law having been instituted to recover the moneys secured by said mortgage, or any part thereof. Now, therefore, by virtue of the power of sale contained in said mortgage, and pursuant to the statute of the State of Michigan in such case made and provided, notice is hereby given that on the day of, at twelve o'clock noon, Eastern Standard Time, said mortgage will be foreclosed by a sale at public auction, to the highest bidder, at the southerly or Huron Street entrance to the Court House in the City of Pontiac, County of Oakland, Michigan, that being the building where the Circuit Court for the County of Oakland is held, of the premises described in said mortgage, or so much thereof as may be necessary to pay the amount due, as aforesaid, on said mortgage, with the interest thereon at seven per cent per annum, and all legal costs, together with said attorney's fee, which said premises are described as follows: All that certain piece or parcel of land situate in the Township of Royal Oak, County of Oakland and State of Michigan, described as Lot of Subdivision of part of the Northwest Quarter of Section, Town One North, Range Eleven East, according to the plat thereof as recorded in the office of the Register of Deeds for Oakland County in Liber of Plats, on page. Dated at Detroit, Michigan. STATE OF MICHIGAN, County of Oakland, ss.—Suit pending before Harry J. Merritt, a Circuit Court Commissioner for said County, plaintiff, vs. defendant. Summons issued and returned that defendant cannot be found, it appearing by affidavit that it cannot be ascertained in what State or Country the defendant resides. It is ordered that the said defendant appear at the Court Room of the undersigned, Royal Oak Savings Bank Building, Royal Oak, Michigan, on the day of January, 1931, at ten o'clock in the forenoon, and defend the complaint filed in this suit, or judgment will be entered by default, and that this order be served or published as required by statute. The foregoing suit involves title to the following described premises situated in the Township of Royal Oak, County of Oakland, State of Michigan.
EARL L. PHILLIPS,
MORTGAGE SALE—Default having been made in the terms and conditions of a certain mortgage made by the mortgagors to the mortgagee, a Michigan corporation, dated the day of A. D., and recorded in the office of the Register of Deeds for the County of Oakland and State of Michigan, in Liber of Mortgages, on page, on which mortgage there is claimed to be due, at the date of this notice, for principal and interest, the sum of Dollars, and an attorney's fee as provided for in said mortgage, and no suit or proceedings at law having been instituted to recover the moneys secured by said mortgage, or any part thereof. Now, therefore, by virtue of the power of sale contained in said mortgage, and pursuant to the statute of the State of Michigan in such case made and provided, notice is hereby given that on the day of, at twelve o'clock noon, Eastern Standard Time, said mortgage will be foreclosed by a sale at public auction, to the highest bidder, at the southerly or Huron Street entrance to the Court House in the City of Pontiac, County of Oakland, Michigan, that being the building where the Circuit Court for the County of Oakland is held, of the premises described in said mortgage, or so much thereof as may be necessary to pay the amount due, as aforesaid, on said mortgage, with the interest thereon at seven per cent per annum, and all legal costs, together with said attorney's fee, which said premises are described as follows: All that certain piece or parcel of land situate in the Township of Royal Oak, County of Oakland and State of Michigan, described as Lot of Subdivision of part of the Northwest Quarter of Section, Town One North, Range Eleven East, according to the plat thereof as recorded in the office of the Register of Deeds for Oakland County in Liber of Plats, on page. Dated at Detroit, Michigan. STATE OF MICHIGAN, County of Oakland, ss.—Suit pending before Harry J. Merritt, a Circuit Court Commissioner for said County, plaintiff, vs. defendant. Summons issued and returned that defendant cannot be found, it appearing by affidavit that it cannot be ascertained in what State or Country the defendant resides. It is ordered that the said defendant appear at the Court Room of the undersigned, Royal Oak Savings Bank Building, Royal Oak, Michigan, on the day of January, 1931, at ten o'clock in the forenoon, and defend the complaint filed in this suit, or judgment will be entered by default, and that this order be served or published as required by statute. The foregoing suit involves title to the following described premises situated in the Township of Royal Oak, County of Oakland, State of Michigan. MORTGAGE SALE—Default having been made in the terms and conditions of a certain mortgage made by the mortgagors to the mortgagee, a Michigan corporation, dated the day of A. D., and recorded in the office of the Register of Deeds for the County of Oakland and State of Michigan, in Liber of Mortgages, on page, on which mortgage there is claimed to be due, at the date of this notice, for principal and interest, the sum of Dollars, and an attorney's fee as provided for in said mortgage, and no suit or proceedings at law having been instituted to recover the moneys secured by said mortgage, or any part thereof. Now, therefore, by virtue of the power of sale contained in said mortgage, and pursuant to the statute of the State of Michigan in such case made and provided, notice is hereby given that on the day of, at twelve o'clock noon, Eastern Standard Time, said mortgage will be foreclosed by a sale at public auction, to the highest bidder, at the southerly or Huron Street entrance to the Court House in the City of Pontiac, County of Oakland, Michigan, that being the building where the Circuit Court for the County of Oakland is held, of the premises described in said mortgage, or so much thereof as may be necessary to pay the amount due, as aforesaid, on said mortgage, with the interest thereon at seven per cent per annum, and all legal costs, together with said attorney's fee, which said premises are described as follows: All that certain piece or parcel of land situate in the Township of Royal Oak, County of Oakland and State of Michigan, described as Lot of Subdivision of part of the Northwest Quarter of Section, Town One North, Range Eleven East, according to the plat thereof as recorded in the office of the Register of Deeds for Oakland County in Liber of Plats, on page. Dated at Detroit, Michigan. STATE OF MICHIGAN, County of Oakland, ss.—Suit pending before Harry J. Merritt, a Circuit Court Commissioner for said County, plaintiff, vs. defendant. Summons issued and returned that defendant cannot be found, it appearing by affidavit that it cannot be ascertained in what State or Country the defendant resides. It is ordered that the said defendant appear at the Court Room of the undersigned, Royal Oak Savings Bank Building, Royal Oak, Michigan, on the day of January, 1931, at ten o'clock in the forenoon, and defend the complaint filed in this suit, or judgment will be entered by default, and that this order be served or published as required by statute. The foregoing suit involves title to the following described premises situated in the Township of Royal Oak, County of Oakland, State of Michigan.
Wilde, Raymond and Henderson, Attorneys, 875 Penobscot Bldg., Detroit, Mich.
MORTGAGE SALE—Default having been made in the terms and conditions of a certain mortgage made by the mortgagors to the mortgagee, a Michigan corporation, dated the day of A. D., and recorded in the office of the Register of Deeds for the County of Oakland and State of Michigan, in Liber of Mortgages, on page, on which mortgage there is claimed to be due, at the date of this notice, for principal and interest, the sum of Dollars, and an attorney's fee as provided for in said mortgage, and no suit or proceedings at law having been instituted to recover the moneys secured by said mortgage, or any part thereof. Now, therefore, by virtue of the power of sale contained in said mortgage, and pursuant to the statute of the State of Michigan in such case made and provided, notice is hereby given that on the day of, at twelve o'clock noon, Eastern Standard Time, said mortgage will be foreclosed by a sale at public auction, to the highest bidder, at the southerly or Huron Street entrance to the Court House in the City of Pontiac, County of Oakland, Michigan, that being the building where the Circuit Court for the County of Oakland is held, of the premises described in said mortgage, or so much thereof as may be necessary to pay the amount due, as aforesaid, on said mortgage, with the interest thereon at seven per cent per annum, and all legal costs, together with said attorney's fee, which said premises are described as follows: All that certain piece or parcel of land situate in the Township of Royal Oak, County of Oakland and State of Michigan, described as Lot of Subdivision of part of the Northwest Quarter of Section, Town One North, Range Eleven East, according to the plat thereof as recorded in the office of the Register of Deeds for Oakland County in Liber of Plats, on page. Dated at Detroit, Michigan. STATE OF MICHIGAN, County of Oakland, ss.—Suit pending before Harry J. Merritt, a Circuit Court Commissioner for said County, plaintiff, vs. defendant. Summons issued and returned that defendant cannot be found, it appearing by affidavit that it cannot be ascertained in what State or Country the defendant resides. It is ordered that the said defendant appear at the Court Room of the undersigned, Royal Oak Savings Bank Building, Royal Oak, Michigan, on the day of January, 1931, at ten o'clock in the forenoon, and defend the complaint filed in this suit, or judgment will be entered by default, and that this order be served or published as required by statute. The foregoing suit involves title to the following described premises situated in the Township of Royal Oak, County of Oakland, State of Michigan.
THE COLUMBIA LIFE INSURANCE COMPANY,
THIRD INSERTION
Stylerid, Hartman & Mercer, Attorneys, 2865-11 Dime Bank Bldg., Detroit, Mich.
MORTGAGE SALE—Default having been made in the terms and conditions of a certain mortgage made by the mortgagors to the mortgagee, a Michigan corporation, dated the day of A. D., and recorded in the office of the Register of Deeds for the County of Oakland and State of Michigan, in Liber of Mortgages, on page, on which mortgage there is claimed to be due, at the date of this notice, for principal and interest, the sum of Dollars, and an attorney's fee as provided for in said mortgage, and no suit or proceedings at law having been instituted to recover the moneys secured by said mortgage, or any part thereof. Now, therefore, by virtue of the power of sale contained in said mortgage, and pursuant to the statute of the State of Michigan in such case made and provided, notice is hereby given that on the day of, at twelve o'clock noon, Eastern Standard Time, said mortgage will be foreclosed by a sale at public auction, to the highest bidder, at the southerly or Huron Street entrance to the Court House in the City of Pontiac, County of Oakland, Michigan, that being the building where the Circuit Court for the County of Oakland is held, of the premises described in said mortgage, or so much thereof as may be necessary to pay the amount due, as aforesaid, on said mortgage, with the interest thereon at seven per cent per annum, and all legal costs, together with said attorney's fee, which said premises are described as follows: All that certain piece or parcel of land situate in the Township of Royal Oak, County of Oakland and State of Michigan, described as Lot of Subdivision of part of the Northwest Quarter of Section, Town One North, Range Eleven East, according to the plat thereof as recorded in the office of the Register of Deeds for Oakland County in Liber of Plats, on page. Dated at Detroit, Michigan. STATE OF MICHIGAN, County of Oakland, ss.—Suit pending before Harry J. Merritt, a Circuit Court Commissioner for said County, plaintiff, vs. defendant. Summons issued and returned that defendant cannot be found, it appearing by affidavit that it cannot be ascertained in what State or Country the defendant resides. It is ordered that the said defendant appear at the Court Room of the undersigned, Royal Oak Savings Bank Building, Royal Oak, Michigan, on the day of January, 1931, at ten o'clock in the forenoon, and defend the complaint filed in this suit, or judgment will be entered by default, and that this order be served or published as required by statute. The foregoing suit involves title to the following described premises situated in the Township of Royal Oak, County of Oakland, State of Michigan. MORTGAGE SALE—Default having been made in the terms and conditions of a certain mortgage made by the mortgagors to the mortgagee, a Michigan corporation, dated the day of A. D., and recorded in the office of the Register of Deeds for the County of Oakland and State of Michigan, in Liber of Mortgages, on page, on which mortgage there is claimed to be due, at the date of this notice, for principal and interest, the sum of Dollars, and an attorney's fee as provided for in said mortgage, and no suit or proceedings at law having been instituted to recover the moneys secured by said mortgage, or any part thereof. Now, therefore, by virtue of the power of sale contained in said mortgage, and pursuant to the statute of the State of Michigan in such case made and provided, notice is hereby given that on the day of, at twelve o'clock noon, Eastern Standard Time, said mortgage will be foreclosed by a sale at public auction, to the highest bidder, at the southerly or Huron Street entrance to the Court House in the City of Pontiac, County of Oakland, Michigan, that being the building where the Circuit Court for the County of Oakland is held, of the premises described in said mortgage, or so much thereof as may be necessary to pay the amount due, as aforesaid, on said mortgage, with the interest thereon at seven per cent per annum, and all legal costs, together with said attorney's fee, which said premises are described as follows: All that certain piece or parcel of land situate in the Township of Royal Oak, County of Oakland and State of Michigan, described as Lot of Subdivision of part of the Northwest Quarter of Section, Town One North, Range Eleven East, according to the plat thereof as recorded in the office of the Register of Deeds for Oakland County in Liber of Plats, on page. Dated at Detroit, Michigan. STATE OF MICHIGAN, County of Oakland, ss.—Suit pending before Harry J. Merritt, a Circuit Court Commissioner for said County, plaintiff, vs. defendant. Summons issued and returned that defendant cannot be found, it appearing by affidavit that it cannot be ascertained in what State or Country the defendant resides. It is ordered that the said defendant appear at the Court Room of the undersigned, Royal Oak Savings Bank Building, Royal Oak, Michigan, on the day of January, 1931, at ten o'clock in the forenoon, and defend the complaint filed in this suit, or judgment will be entered by default, and that this order be served or published as required by statute. The foregoing suit involves title to the following described premises situated in the Township of Royal Oak, County of Oakland, State of Michigan. MORTGAGE SALE—Default having been made in the terms and conditions of a certain mortgage made by the mortgagors to the mortgagee, a Michigan corporation, dated the day of A. D., and recorded in the office of the Register of Deeds for the County of Oakland and State of Michigan, in Liber of Mortgages, on page, on which mortgage there is claimed to be due, at the date of this notice, for principal and interest, the sum of Dollars, and an attorney's fee as provided for in said mortgage, and no suit or proceedings at law having been instituted to recover the moneys secured by said mortgage, or any part thereof. Now, therefore, by virtue of the power of sale contained in said mortgage, and pursuant to the statute of the State of Michigan in such case made and provided, notice is hereby given that on the day of, at twelve o'clock noon, Eastern Standard Time, said mortgage will be foreclosed by a sale at public auction, to the highest bidder, at the southerly or Huron Street entrance to the Court House in the City of Pontiac, County of Oakland, Michigan, that being the building where the Circuit Court for the County of Oakland is held, of the premises described in said mortgage, or so much thereof as may be necessary to pay the amount due, as aforesaid, on said mortgage, with the interest thereon at seven per cent per annum, and all legal costs, together with said attorney's fee, which said premises are described as follows: All that certain piece or parcel of land situate in the Township of Royal Oak, County of Oakland and State of Michigan, described as Lot of Subdivision of part of the Northwest Quarter of Section, Town One North, Range Eleven East, according to the plat thereof as recorded in the office of the Register of Deeds for Oakland County in Liber of Plats, on page. Dated at Detroit, Michigan. STATE OF MICHIGAN, County of Oakland, ss.—Suit pending before Harry J. Merritt, a Circuit Court Commissioner for said County, plaintiff, vs. defendant. Summons issued and returned that defendant cannot be found, it appearing by affidavit that it cannot be ascertained in what State or Country the defendant resides. It is ordered that the said defendant appear at the Court Room of the undersigned, Royal Oak Savings Bank Building, Royal Oak, Michigan, on the day of January, 1931, at ten o'clock in the forenoon, and defend the complaint filed in this suit, or judgment will be entered by default, and that this order be served or published as required by statute. The foregoing suit involves title to the following described premises situated in the Township of Royal Oak, County of Oakland, State of Michigan.
Devlin, Kent & Devlin, Attorneys, 837 Majestic Bldg.
MORTGAGE SALE—Default having been made in the terms and conditions of a certain mortgage made by the mortgagors to the mortgagee, a Michigan corporation, dated the day of A. D., and recorded in the office of the Register of Deeds for the County of Oakland and State of Michigan, in Liber of Mortgages, on page, on which mortgage there is claimed to be due, at the date of this notice, for principal and interest, the sum of Dollars, and an attorney's fee as provided for in said mortgage, and no suit or proceedings at law having been instituted to recover the moneys secured by said mortgage, or any part thereof. Now, therefore, by virtue of the power of sale contained in said mortgage, and pursuant to the statute of the State of Michigan in such case made and provided, notice is hereby given that on the day of, at twelve o'clock noon, Eastern Standard Time, said mortgage will be foreclosed by a sale at public auction, to the highest bidder, at the southerly or Huron Street entrance to the Court House in the City of Pontiac, County of Oakland, Michigan, that being the building where the Circuit Court for the County of Oakland is held, of the premises described in said mortgage, or so much thereof as may be necessary to pay the amount due, as aforesaid, on said mortgage, with the interest thereon at seven per cent per annum, and all legal costs, together with said attorney's fee, which said premises are described as follows: All that certain piece or parcel of land situate in the Township of Royal Oak, County of Oakland and State of Michigan, described as Lot of Subdivision of part of the Northwest Quarter of Section, Town One North, Range Eleven East, according to the plat thereof as recorded in the office of the Register of Deeds for Oakland County in Liber of Plats, on page. Dated at Detroit, Michigan. STATE OF MICHIGAN, County of Oakland, ss.—Suit pending before Harry J. Merritt, a Circuit Court Commissioner for said County, plaintiff, vs. defendant. Summons issued and returned that defendant cannot be found, it appearing by affidavit that it cannot be ascertained in what State or Country the defendant resides. It is ordered that the said defendant appear at the Court Room of the undersigned, Royal Oak Savings Bank Building, Royal Oak, Michigan, on the day of January, 1931, at ten o'clock in the forenoon, and defend the complaint filed in this suit, or judgment will be entered by default, and that this order be served or published as required by statute. The foregoing suit involves title to the following described premises situated in the Township of Royal Oak, County of Oakland, State of Michigan. MORTGAGE SALE—Default having been made in the terms and conditions of a certain mortgage made by the mortgagors to the mortgagee, a Michigan corporation, dated the day of A. D., and recorded in the office of the Register of Deeds for the County of Oakland and State of Michigan, in Liber of Mortgages, on page, on which mortgage there is claimed to be due, at the date of this notice, for principal and interest, the sum of Dollars, and an attorney's fee as provided for in said mortgage, and no suit or proceedings at law having been instituted to recover the moneys secured by said mortgage, or any part thereof. Now, therefore, by virtue of the power of sale contained in said mortgage, and pursuant to the statute of the State of Michigan in such case made and provided, notice is hereby given that on the day of, at twelve o'clock noon, Eastern Standard Time, said mortgage will be foreclosed by a sale at public auction, to the highest bidder, at the southerly or Huron Street entrance to the Court House in the City of Pontiac, County of Oakland, Michigan, that being the building where the Circuit Court for the County of Oakland is held, of the premises described in said mortgage, or so much thereof as may be necessary to pay the amount due, as aforesaid, on said mortgage, with the interest thereon at seven per cent per annum, and all legal costs, together with said attorney's fee, which said premises are described as follows: All that certain piece or parcel of land situate in the Township of Royal Oak, County of Oakland and State of Michigan, described as Lot of Subdivision of part of the Northwest Quarter of Section, Town One North, Range Eleven East, according to the plat thereof as recorded in the office of the Register of Deeds for Oakland County in Liber of Plats, on page. Dated at Detroit, Michigan. STATE OF MICHIGAN, County of Oakland, ss.—Suit pending before Harry J. Merritt, a Circuit Court Commissioner for said County, plaintiff, vs. defendant. Summons issued and returned that defendant cannot be found, it appearing by affidavit that it cannot be ascertained in what State or Country the defendant resides. It is ordered that the said defendant appear at the Court Room of the undersigned, Royal Oak Savings Bank Building, Royal Oak, Michigan, on the day of January, 1931, at ten o'clock in the forenoon, and defend the complaint filed in this suit, or judgment will be entered by default, and that this order be served or published as required by statute. The foregoing suit involves title to the following described premises situated in the Township of Royal Oak, County of Oakland, State of Michigan.
MORTGAGE SALE—Default having been made in the terms and conditions of a certain mortgage made by the mortgagors to the mortgagee, a Michigan corporation, dated the day of A. D., and recorded in the office of the Register of Deeds for the County of Oakland and State of Michigan, in Liber of Mortgages, on page, on which mortgage there is claimed to be due, at the date of this notice, for principal and interest, the sum of Dollars, and an attorney's fee as provided for in said mortgage, and no suit or proceedings at law having been instituted to recover the moneys secured by said mortgage, or any part thereof. Now, therefore, by virtue of the power of sale contained in said mortgage, and pursuant to the statute of the State of Michigan in such case made and provided, notice is hereby given that on the day of, at twelve o'clock noon, Eastern Standard Time, said mortgage will be foreclosed by a sale at public auction, to the highest bidder, at the southerly or Huron Street entrance to the Court House in the City of Pontiac, County of Oakland, Michigan, that being the building where the Circuit Court for the County of Oakland is held, of the premises described in said mortgage, or so much thereof as may be necessary to pay the amount due, as aforesaid, on said mortgage, with the interest thereon at seven per cent per annum, and all legal costs, together with said attorney's fee, which said premises are described as follows: All that certain piece or parcel of land situate in the Township of Royal Oak, County of Oakland and State of Michigan, described as Lot of Subdivision of part of the Northwest Quarter of Section, Town One North, Range Eleven East, according to the plat thereof as recorded in the office of the Register of Deeds for Oakland County in Liber of Plats, on page. Dated at Detroit, Michigan. STATE OF MICHIGAN, County of Oakland, ss.—Suit pending before Harry J. Merritt, a Circuit Court Commissioner for said County, plaintiff, vs. defendant. Summons issued and returned that defendant cannot be found, it appearing by affidavit that it cannot be ascertained in what State or Country the defendant resides. It is ordered that the said defendant appear at the Court Room of the undersigned, Royal Oak Savings Bank Building, Royal Oak, Michigan, on the day of January, 1931, at ten o'clock in the forenoon, and defend the complaint filed in this suit, or judgment will be entered by default, and that this order be served or published as required by statute. The foregoing suit involves title to the following described premises situated in the Township of Royal Oak, County of Oakland, State of Michigan. MORTGAGE SALE—Default having been made in the terms and conditions of a certain mortgage made by the mortgagors to the mortgagee, a Michigan corporation, dated the day of A. D., and recorded in the office of the Register of Deeds for the County of Oakland and State of Michigan, in Liber of Mortgages, on page, on which mortgage there is claimed to be due, at the date of this notice, for principal and interest, the sum of Dollars, and an attorney's fee as provided for in said mortgage, and no suit or proceedings at law having been instituted to recover the moneys secured by said mortgage, or any part thereof. Now, therefore, by virtue of the power of sale contained in said mortgage, and pursuant to the statute of the State of Michigan in such case made and provided, notice is hereby given that on the day of, at twelve o'clock noon, Eastern Standard Time, said mortgage will be foreclosed by a sale at public auction, to the highest bidder, at the southerly or Huron Street entrance to the Court House in the City of Pontiac, County of Oakland, Michigan, that being the building where the Circuit Court for the County of Oakland is held, of the premises described in said mortgage, or so much thereof as may be necessary to pay the amount due, as aforesaid, on said mortgage, with the interest thereon at seven per cent per annum, and all legal costs, together with said attorney's fee, which said premises are described as follows: All that certain piece or parcel of land situate in the Township of Royal Oak, County of Oakland and State of Michigan, described as Lot of Subdivision of part of the Northwest Quarter of Section, Town One North, Range Eleven East, according to the plat thereof as recorded in the office of the Register of Deeds for Oakland County in Liber of Plats, on page. Dated at Detroit, Michigan. STATE OF MICHIGAN, County of Oakland, ss.—Suit pending before Harry J. Merritt, a Circuit Court Commissioner for said County, plaintiff, vs. defendant. Summons issued and returned that defendant cannot be found, it appearing by affidavit that it cannot be ascertained in what State or Country the defendant resides. It is ordered that the said defendant appear at the Court Room of the undersigned, Royal Oak Savings Bank Building, Royal Oak, Michigan, on the day of January, 1931, at ten o'clock in the forenoon, and defend the complaint filed in this suit, or judgment will be entered by default, and that this order be served or published as required by statute. The foregoing suit involves title to the following described premises situated in the Township of Royal Oak, County of Oakland, State of Michigan.
FOURTH INSERTION
Colby, Berns & Costello, Attorneys, 602 Majestic Bldg., Detroit, Mich.
MORTGAGE SALE—Default having been made in the terms and conditions of a certain mortgage made by the mortgagors to the mortgagee, a Michigan corporation, dated the day of A. D., and recorded in the office of the Register of Deeds for the County of Oakland and State of Michigan, in Liber of Mortgages, on page, on which mortgage there is claimed to be due, at the date of this notice, for principal and interest, the sum of Dollars, and an attorney's fee as provided for in said mortgage, and no suit or proceedings at law having been instituted to recover the moneys secured by said mortgage, or any part thereof. Now, therefore, by virtue of the power of sale contained in said mortgage, and pursuant to the statute of the State of Michigan in such case made and provided, notice is hereby given that on the day of, at twelve o'clock noon, Eastern Standard Time, said mortgage will be foreclosed by a sale at public auction, to the highest bidder, at the southerly or Huron Street entrance to the Court House in the City of Pontiac, County of Oakland, Michigan, that being the building where the Circuit Court for the County of Oakland is held, of the premises described in said mortgage, or so much thereof as may be necessary to pay the amount due, as aforesaid, on said mortgage, with the interest thereon at seven per cent per annum, and all legal costs, together with said attorney's fee, which said premises are described as follows: All that certain piece or parcel of land situate in the Township of Royal Oak, County of Oakland and State of Michigan, described as Lot of Subdivision of part of the Northwest Quarter of Section, Town One North, Range Eleven East, according to the plat thereof as recorded in the office of the Register of Deeds for Oakland County in Liber of Plats, on page. Dated at Detroit, Michigan. STATE OF MICHIGAN, County of Oakland, ss.—Suit pending before Harry J. Merritt, a Circuit Court Commissioner for said County, plaintiff, vs. defendant. Summons issued and returned that defendant cannot be found, it appearing by affidavit that it cannot be ascertained in what State or Country the defendant resides. It is ordered that the said defendant appear at the Court Room of the undersigned, Royal Oak Savings Bank Building, Royal Oak, Michigan, on the day of January, 1931, at ten o'clock in the forenoon, and defend the complaint filed in this suit, or judgment will be entered by default, and that this order be served or published as required by statute. The foregoing suit involves title to the following described premises situated in the Township of Royal Oak, County of Oakland, State of Michigan. MORTGAGE SALE—Default having been made in the terms and conditions of a certain mortgage made by the mortgagors to the mortgagee, a Michigan corporation, dated the day of A. D., and recorded in the office of the Register of Deeds for the County of Oakland and State of Michigan, in Liber of Mortgages, on page, on which mortgage there is claimed to be due, at the date of this notice, for principal and interest, the sum of Dollars, and an attorney's fee as provided for in said mortgage, and no suit or proceedings at law having been instituted to recover the moneys secured by said mortgage, or any part thereof. Now, therefore, by virtue of the power of sale contained in said mortgage, and pursuant to the statute of the State of Michigan in such case made and provided, notice is hereby given that on the day of, at twelve o'clock noon, Eastern Standard Time, said mortgage will be foreclosed by a sale at public auction, to the highest bidder, at the southerly or Huron Street entrance to the Court House in the City of Pontiac, County of Oakland, Michigan, that being the building where the Circuit Court for the County of Oakland is held, of the premises described in said mortgage, or so much thereof as may be necessary to pay the amount due, as aforesaid, on said mortgage, with the interest thereon at seven per cent per annum, and all legal costs, together with said attorney's fee, which said premises are described as follows: All that certain piece or parcel of land situate in the Township of Royal Oak, County of Oakland and State of Michigan, described as Lot of Subdivision of part of the Northwest Quarter of Section, Town One North, Range Eleven East, according to the plat thereof as recorded in the office of the Register of Deeds for Oakland County in Liber of Plats, on page. Dated at Detroit, Michigan. STATE OF MICHIGAN, County of Oakland, ss.—Suit pending before Harry J. Merritt, a Circuit Court Commissioner for said County, plaintiff, vs. defendant. Summons issued and returned that defendant cannot be found, it appearing by affidavit that it cannot be ascertained in what State or Country the defendant resides. It is ordered that the said defendant appear at the Court Room of the undersigned, Royal Oak Savings Bank Building, Royal Oak, Michigan, on the day of January, 1931, at ten o'clock in the forenoon, and defend the complaint filed in this suit, or judgment will be entered by default, and that this order be served or published as required by statute. The foregoing suit involves title to the following described premises situated in the Township of Royal Oak, County of Oakland, State of Michigan.
AMERICAN STATE BANK OF WYANDOTTE,
MORTGAGE SALE—Default having been made in the terms and conditions of a certain mortgage made by the mortgagors to the mortgagee, a Michigan corporation, dated the day of A. D., and recorded in the office of the Register of Deeds for the County of Oakland and State of Michigan, in Liber of Mortgages, on page, on which mortgage there is claimed to be due, at the date of this notice, for principal and interest, the sum of Dollars, and an attorney's fee as provided for in said mortgage, and no suit or proceedings at law having been instituted to recover the moneys secured by said mortgage, or any part thereof. Now, therefore, by virtue of the power of sale contained in said mortgage, and pursuant to the statute of the State of Michigan in such case made and provided, notice is hereby given that on the day of, at twelve o'clock noon, Eastern Standard Time, said mortgage will be foreclosed by a sale at public auction, to the highest bidder, at the southerly or Huron Street entrance to the Court House in the City of Pontiac, County of Oakland, Michigan, that being the building where the Circuit Court for the County of Oakland is held, of the premises described in said mortgage, or so much thereof as may be necessary to pay the amount due, as aforesaid, on said mortgage, with the interest thereon at seven per cent per annum, and all legal costs, together with said attorney's fee, which said premises are described as follows: All that certain piece or parcel of land situate in the Township of Royal Oak, County of Oakland and State of Michigan, described as Lot of Subdivision of part of the Northwest Quarter of Section, Town One North, Range Eleven East, according to the plat thereof as recorded in the office of the Register of Deeds for Oakland County in Liber of Plats, on page. Dated at Detroit, Michigan. STATE OF MICHIGAN, County of Oakland, ss.—Suit pending before Harry J. Merritt, a Circuit Court Commissioner for said County, plaintiff, vs. defendant. Summons issued and returned that defendant cannot be found, it appearing by affidavit that it cannot be ascertained in what State or Country the defendant resides. It is ordered that the said defendant appear at the Court Room of the undersigned, Royal Oak Savings Bank Building, Royal Oak, Michigan, on the day of January, 1931, at ten o'clock in the forenoon, and defend the complaint filed in this suit, or judgment will be entered by default, and that this order be served or published as required by statute. The foregoing suit involves title to the following described premises situated in the Township of Royal Oak, County of Oakland, State of Michigan. MORTGAGE SALE—Default having been made in the terms and conditions of a certain mortgage made by the mortgagors to the mortgagee, a Michigan corporation, dated the day of A. D., and recorded in the office of the Register of Deeds for the County of Oakland and State of Michigan, in Liber of Mortgages, on page, on which mortgage there is claimed to be due, at the date of this notice, for principal and interest, the sum of Dollars, and an attorney's fee as provided for in said mortgage, and no suit or proceedings at law having been instituted to recover the moneys secured by said mortgage, or any part thereof. Now, therefore, by virtue of the power of sale contained in said mortgage, and pursuant to the statute of the State of Michigan in such case made and provided, notice is hereby given that on the day of, at twelve o'clock noon, Eastern Standard Time, said mortgage will be foreclosed by a sale at public auction, to the highest bidder, at the southerly or Huron Street entrance to the Court House in the City of Pontiac, County of Oakland, Michigan, that being the building where the Circuit Court for the County of Oakland is held, of the premises described in said mortgage, or so much thereof as may be necessary to pay the amount due, as aforesaid, on said mortgage, with the interest thereon at seven per cent per annum, and all legal costs, together with said attorney's fee, which said premises are described as follows: All that certain piece or parcel of land situate in the Township of Royal Oak, County of Oakland and State of Michigan, described as Lot of Subdivision of part of the Northwest Quarter of Section, Town One North, Range Eleven East, according to the plat thereof as recorded in the office of the Register of Deeds for Oakland County in Liber of Plats, on page. Dated at Detroit, Michigan. STATE OF MICHIGAN, County of Oakland, ss.—Suit pending before Harry J. Merritt, a Circuit Court Commissioner for said County, plaintiff, vs. defendant. Summons issued and returned that defendant cannot be found, it appearing by affidavit that it cannot be ascertained in what State or Country the defendant resides. It is ordered that the said defendant appear at the Court Room of the undersigned, Royal Oak Savings Bank Building, Royal Oak, Michigan, on the day of January, 1931, at ten o'clock in the forenoon, and defend the complaint filed in this suit, or judgment will be entered by default, and that this order be served or published as required by statute. The foregoing suit involves title to the following described premises situated in the Township of Royal Oak, County of Oakland, State of Michigan.
Warren, Hill & Hamblen, Attorneys, Union Trust Bldg., Detroit, Mich.
MORTGAGE SALE—Default having been made in the terms and conditions of a certain mortgage made by the mortgagors to the mortgagee, a Michigan corporation, dated the day of A. D., and recorded in the office of the Register of Deeds for the County of Oakland and State of Michigan, in Liber of Mortgages, on page, on which mortgage there is claimed to be due, at the date of this notice, for principal and interest, the sum of Dollars, and an attorney's fee as provided for in said mortgage, and no suit or proceedings at law having been instituted to recover the moneys secured by said mortgage, or any part thereof. Now, therefore, by virtue of the power of sale contained in said mortgage, and pursuant to the statute of the State of Michigan in such case made and provided, notice is hereby given that on the day of, at twelve o'clock noon, Eastern Standard Time, said mortgage will be foreclosed by a sale at public auction, to the highest bidder, at the southerly or Huron Street entrance to the Court House in the City of Pontiac, County of Oakland, Michigan, that being the building where the Circuit Court for the County of Oakland is held, of the premises described in said mortgage, or so much thereof as may be necessary to pay the amount due, as aforesaid, on said mortgage, with the interest thereon at seven per cent per annum, and all legal costs, together with said attorney's fee, which said premises are described as follows: All that certain piece or parcel of land situate in the Township of Royal Oak, County of Oakland and State of Michigan, described as Lot of Subdivision of part of the Northwest Quarter of Section, Town One North, Range Eleven East, according to the plat thereof as recorded in the office of the Register of Deeds for Oakland County in Liber of Plats, on page. Dated at Detroit, Michigan. STATE OF MICHIGAN, County of Oakland, ss.—Suit pending before Harry J. Merritt, a Circuit Court Commissioner for said County, plaintiff, vs. defendant. Summons issued and returned that defendant cannot be found, it appearing by affidavit that it cannot be ascertained in what State or Country the defendant resides. It is ordered that the said defendant appear at the Court Room of the undersigned, Royal Oak Savings Bank Building, Royal Oak, Michigan, on the day of January, 1931, at ten o'clock in the forenoon, and defend the complaint filed in this suit, or judgment will be entered by default, and that this order be served or published as required by statute. The foregoing suit involves title to the following described premises situated in the Township of Royal Oak, County of Oakland, State of Michigan. MORTGAGE SALE—Default having been made in the terms and conditions of a certain mortgage made by the mortgagors to the mortgagee, a Michigan corporation, dated the day of A. D., and recorded in the office of the Register of Deeds for the County of Oakland and State of Michigan, in Liber of Mortgages, on page, on which mortgage there is claimed to be due, at the date of this notice, for principal and interest, the sum of Dollars, and an attorney's fee as provided for in said mortgage, and no suit or proceedings at law having been instituted to recover the moneys secured by said mortgage, or any part thereof. Now, therefore, by virtue of the power of sale contained in said mortgage, and pursuant to the statute of the State of Michigan in such case made and provided, notice is hereby given that on the day of, at twelve o'clock noon, Eastern Standard Time, said mortgage will be foreclosed by a sale at public auction, to the highest bidder, at the southerly or Huron Street entrance to the Court House in the City of Pontiac, County of Oakland, Michigan, that being the building where the Circuit Court for the County of Oakland is held, of the premises described in said mortgage, or so much thereof as may be necessary to pay the amount due, as aforesaid, on said mortgage, with the interest thereon at seven per cent per annum, and all legal costs, together with said attorney's fee, which said premises are described as follows: All that certain piece or parcel of land situate in the Township of Royal Oak, County of Oakland and State of Michigan, described as Lot of Subdivision of part of the Northwest Quarter of Section, Town One North, Range Eleven East, according to the plat thereof as recorded in the office of the Register of Deeds for Oakland County in Liber of Plats, on page. Dated at Detroit, Michigan. STATE OF MICHIGAN, County of Oakland, ss.—Suit pending before Harry J. Merritt, a Circuit Court Commissioner for said County, plaintiff, vs. defendant. Summons issued and returned that defendant cannot be found, it appearing by affidavit that it cannot be ascertained in what State or Country the defendant resides. It is ordered that the said defendant appear at the Court Room of the undersigned, Royal Oak Savings Bank Building, Royal Oak, Michigan, on the day of January, 1931, at ten o'clock in the forenoon, and defend the complaint filed in this suit, or judgment will be entered by default, and that this order be served or published as required by statute. The foregoing suit involves title to the following described premises situated in the Township of Royal Oak, County of Oakland, State of Michigan.
MORTGAGE SALE—Default having been made in the terms and conditions of a certain mortgage made by the mortgagors to the mortgagee, a Michigan corporation, dated the day of A. D., and recorded in the office of the Register of Deeds for the County of Oakland and State of Michigan, in Liber of Mortgages, on page, on which mortgage there is claimed to be due, at the date of this notice, for principal and interest, the sum of Dollars, and an attorney's fee as provided for in said mortgage, and no suit or proceedings at law having been instituted to recover the moneys secured by said mortgage, or any part thereof. Now, therefore, by virtue of the power of sale contained in said mortgage, and pursuant to the statute of the State of Michigan in such case made and provided, notice is hereby given that on the day of, at twelve o'clock noon, Eastern Standard Time, said mortgage will be foreclosed by a sale at public auction, to the highest bidder, at the southerly or Huron Street entrance to the Court House in the City of Pontiac, County of Oakland, Michigan, that being the building where the Circuit Court for the County of Oakland is held, of the premises described in said mortgage, or so much thereof as may be necessary to pay the amount due, as aforesaid, on said mortgage, with the interest thereon at seven per cent per annum, and all legal costs, together with said attorney's fee, which said premises are described as follows: All that certain piece or parcel of land situate in the Township of Royal Oak, County of Oakland and State of Michigan, described as Lot of Subdivision of part of the Northwest Quarter of Section, Town One North, Range Eleven East, according to the plat thereof as recorded in the office of the Register of Deeds for Oakland County in Liber of Plats, on page. Dated at Detroit, Michigan. STATE OF MICHIGAN, County of Oakland, ss.—Suit pending before Harry J. Merritt, a Circuit Court Commissioner for said County, plaintiff, vs. defendant. Summons issued and returned that defendant cannot be found, it appearing by affidavit that it cannot be ascertained in what State or Country the defendant resides. It is ordered that the said defendant appear at the Court Room of the undersigned, Royal Oak Savings Bank Building, Royal Oak, Michigan, on the day of January, 1931, at ten o'clock in the forenoon, and defend the complaint filed in this suit, or judgment will be entered by default, and that this order be served or published as required by statute. The foregoing suit involves title to the following described premises situated in the Township of Royal Oak, County of Oakland, State of Michigan.
THE NATIONAL BANK OF COMMERCE OF DETROIT,
Groesbeck & Kelly, Attorneys, 1501 Dime Bank Bldg., Detroit, Mich.
MORTGAGE SALE—Default having been made in the terms and conditions of a certain mortgage made by the mortgagors to the mortgagee, a Michigan corporation, dated the day of A. D., and recorded in the office of the Register of Deeds for the County of Oakland and State of Michigan, in Liber of Mortgages, on page, on which mortgage there is claimed to be due, at the date of this notice, for principal and interest, the sum of Dollars, and an attorney's fee as provided for in said mortgage, and no suit or proceedings at law having been instituted to recover the moneys secured by said mortgage, or any part thereof. Now, therefore, by virtue of the power of sale contained in said mortgage, and pursuant to the statute of the State of Michigan in such case made and provided, notice is hereby given that on the day of, at twelve o'clock noon, Eastern Standard Time, said mortgage will be foreclosed by a sale at public auction, to the highest bidder, at the southerly or Huron Street entrance to the Court House in the City of Pontiac, County of Oakland, Michigan, that being the building where the Circuit Court for the County of Oakland is held, of the premises described in said mortgage, or so much thereof as may be necessary to pay the amount due, as aforesaid, on said mortgage, with the interest thereon at seven per cent per annum, and all legal costs, together with said attorney's fee, which said premises are described as follows: All that certain piece or parcel of land situate in the Township of Royal Oak, County of Oakland and State of Michigan, described as Lot of Subdivision of part of the Northwest Quarter of Section, Town One North, Range Eleven East, according to the plat thereof as recorded in the office of the Register of Deeds for Oakland County in Liber of Plats, on page. Dated at Detroit, Michigan. STATE OF MICHIGAN, County of Oakland, ss.—Suit pending before Harry J. Merritt, a Circuit Court Commissioner for said County, plaintiff, vs. defendant. Summons issued and returned that defendant cannot be found, it appearing by affidavit that it cannot be ascertained in what State or Country the defendant resides. It is ordered that the said defendant appear at the Court Room of the undersigned, Royal Oak Savings Bank Building, Royal Oak, Michigan, on the day of January, 1931, at ten o'clock in the forenoon, and defend the complaint filed in this suit, or judgment will be entered by default, and that this order be served or published as required by statute. The foregoing suit involves title to the following described premises situated in the Township of Royal Oak, County of Oakland, State of Michigan. MORTGAGE SALE—Default having been made in the terms and conditions of a certain mortgage made by the mortgagors to the mortgagee, a Michigan corporation, dated the day of A. D., and recorded in the office of the Register of Deeds for the County of Oakland and State of Michigan, in Liber of Mortgages, on page, on which mortgage there is claimed to be due, at the date of this notice, for principal and interest, the sum of Dollars, and an attorney's fee as provided for in said mortgage, and no suit or proceedings at law having been instituted to recover the moneys secured by said mortgage, or any part thereof. Now, therefore, by virtue of the power of sale contained in said mortgage, and pursuant to the statute of the State of Michigan in such case made and provided, notice is hereby given that on the day of, at twelve o'clock noon, Eastern Standard Time, said mortgage will be foreclosed by a sale at public auction, to the highest bidder, at the southerly or Huron Street entrance to the Court House in the City of Pontiac, County of Oakland, Michigan, that being the building where the Circuit Court for the County of Oakland is held, of the premises described in said mortgage, or so much thereof as may be necessary to pay the amount due, as aforesaid, on said mortgage, with the interest thereon at seven per cent per annum, and all legal costs, together with said attorney's fee, which said premises are described as follows: All that certain piece or parcel of land situate in the Township of Royal Oak, County of Oakland and State of Michigan, described as Lot of Subdivision of part of the Northwest Quarter of Section, Town One North, Range Eleven East, according to the plat thereof as recorded in the office of the Register of Deeds for Oakland County in Liber of Plats, on page. Dated at Detroit, Michigan. STATE OF MICHIGAN, County of Oakland, ss.—Suit pending before Harry J. Merritt, a Circuit Court Commissioner for said County, plaintiff, vs. defendant. Summons issued and returned that defendant cannot be found, it appearing by affidavit that it cannot be ascertained in what State or Country the defendant resides. It is ordered that the said defendant appear at the Court Room of the undersigned, Royal Oak Savings Bank Building, Royal Oak, Michigan, on the day of January, 1931, at ten o'clock in the forenoon, and defend the complaint filed in this suit, or judgment will be entered by default, and that this order be served or published as required by statute. The foregoing suit involves title to the following described premises situated in the Township of Royal Oak, County of Oakland, State of Michigan.
MICHIGAN LIFE INSURANCE COMPANY,
Colby, Berns & Costello, Attorneys, 602 Majestic Bldg., Detroit, Mich.
MORTGAGE SALE—Default having been made in the terms and conditions of a certain mortgage made by the mortgagors to the mortgagee, a Michigan corporation, dated the day of A. D., and recorded in the office of the Register of Deeds for the County of Oakland and State of Michigan, in Liber of Mortgages, on page, on which mortgage there is claimed to be due, at the date of this notice, for principal and interest, the sum of Dollars, and an attorney's fee as provided for in said mortgage, and no suit or proceedings at law having been instituted to recover the moneys secured by said mortgage, or any part thereof. Now, therefore, by virtue of the power of sale contained in said mortgage, and pursuant to the statute of the State of Michigan in such case made and provided, notice is hereby given that on the day of, at twelve o'clock noon, Eastern Standard Time, said mortgage will be foreclosed by a sale at public auction, to the highest bidder, at the southerly or Huron Street entrance to the Court House in the City of Pontiac, County of Oakland, Michigan, that being the building where the Circuit Court for the County of Oakland is held, of the premises described in said mortgage, or so much thereof as may be necessary to pay the amount due, as aforesaid, on said mortgage, with the interest thereon at seven per cent per annum, and all legal costs, together with said attorney's fee, which said premises are described as follows: All that certain piece or parcel of land situate in the Township of Royal Oak, County of Oakland and State of Michigan, described as Lot of Subdivision of part of the Northwest Quarter of Section, Town One North, Range Eleven East, according to the plat thereof as recorded in the office of the Register of Deeds for Oakland County in Liber of Plats, on page. Dated at Detroit, Michigan. STATE OF MICHIGAN, County of Oakland, ss.—Suit pending before Harry J. Merritt, a Circuit Court Commissioner for said County, plaintiff, vs. defendant. Summons issued and returned that defendant cannot be found, it appearing by affidavit that it cannot be ascertained in what State or Country the defendant resides. It is ordered that the said defendant appear at the Court Room of the undersigned, Royal Oak Savings Bank Building, Royal Oak, Michigan, on the day of January, 1931, at ten o'clock in the forenoon, and defend the complaint filed in this suit, or judgment will be entered by default, and that this order be served or published as required by statute. The foregoing suit involves title to the following described premises situated in the Township of Royal Oak, County of Oakland, State of Michigan. MORTGAGE SALE—Default having been made in the terms and conditions of a certain mortgage made by the mortgagors to the mortgagee, a Michigan corporation, dated the day of A. D., and recorded in the office of the Register of Deeds for the County of Oakland and State of Michigan, in Liber of Mortgages, on page, on which mortgage there is claimed to be due, at the date of this notice, for principal and interest, the sum of Dollars, and an attorney's fee as provided for in said mortgage, and no suit or proceedings at law having been instituted to recover the moneys secured by said mortgage, or any part thereof. Now, therefore, by virtue of the power of sale contained in said mortgage, and pursuant to the statute of the State of Michigan in such case made and provided, notice is hereby given that on the day of, at twelve o'clock noon, Eastern Standard Time, said mortgage will be foreclosed by a sale at public auction, to the highest bidder, at the southerly or Huron Street entrance to the Court House in the City of Pontiac, County of Oakland, Michigan, that being the building where the Circuit Court for the County of Oakland is held, of the premises described in said mortgage, or so much thereof as may be necessary to pay the amount due, as aforesaid, on said mortgage, with the interest thereon at seven per cent per annum, and all legal costs, together with said attorney's fee, which said premises are described as follows: All that certain piece or parcel of land situate in the Township of Royal Oak, County of Oakland and State of Michigan, described as Lot of Subdivision of part of the Northwest Quarter of Section, Town One North, Range Eleven East, according to the plat thereof as recorded in the office of the Register of Deeds for Oakland County in Liber of Plats, on page. Dated at Detroit, Michigan. STATE OF MICHIGAN, County of Oakland, ss.—Suit pending before Harry J. Merritt, a Circuit Court Commissioner for said County, plaintiff, vs. defendant. Summons issued and returned that defendant cannot be found, it appearing by affidavit that it cannot be ascertained in what State or Country the defendant resides. It is ordered that the said defendant appear at the Court Room of the undersigned, Royal Oak Savings Bank Building, Royal Oak, Michigan, on the day of January, 1931, at ten o'clock in the forenoon, and defend the complaint filed in this suit, or judgment will be entered by default, and that this order be served or published as required by statute. The foregoing suit involves title to the following described premises situated in the Township of Royal Oak, County of Oakland, State of Michigan. MORTGAGE SALE—Default having been made in the terms and conditions of a certain mortgage made by the mortgagors to the mortgagee, a Michigan corporation, dated the day of A. D., and recorded in the office of the Register of Deeds for the County of Oakland and State of Michigan, in Liber of Mortgages, on page, on which mortgage there is claimed to be due, at the date of this notice, for principal and interest, the sum of Dollars, and an attorney's fee as provided for in said mortgage, and no suit or proceedings at law having been instituted to recover the moneys secured by said mortgage, or any part thereof. Now, therefore, by virtue of the power of sale contained in said mortgage, and pursuant to the statute of the State of Michigan in such case made and provided, notice is hereby given that on the day of, at twelve o'clock noon, Eastern Standard Time, said mortgage will be foreclosed by a sale at public auction, to the highest bidder, at the southerly or Huron Street entrance to the Court House in the City of Pontiac, County of Oakland, Michigan, that being the building where the Circuit Court for the County of Oakland is held, of the premises described in said mortgage, or so much thereof as may be necessary to pay the amount due, as aforesaid, on said mortgage, with the interest thereon at seven per cent per annum, and all legal costs, together with said attorney's fee, which said premises are described as follows: All that certain piece or parcel of land situate in the Township of Royal Oak, County of Oakland and State of Michigan, described as Lot of Subdivision of part of the Northwest Quarter of Section, Town One North, Range Eleven East, according to the plat thereof as recorded in the office of the Register of Deeds for Oakland County in Liber of Plats, on page. Dated at Detroit, Michigan. STATE OF MICHIGAN, County of Oakland, ss.—Suit pending before Harry J. Merritt, a Circuit Court Commissioner for said County, plaintiff, vs. defendant. Summons issued and returned that defendant cannot be found, it appearing by affidavit that it cannot be ascertained in what State or Country the defendant resides. It is ordered that the said defendant appear at the Court Room of the undersigned, Royal Oak Savings Bank Building, Royal Oak, Michigan, on the day of January, 1931, at ten o'clock in the forenoon, and defend the complaint filed in this suit, or judgment will be entered by default, and that this order be served or published as required by statute. The foregoing suit involves title to the following described premises situated in the Township of Royal Oak, County of Oakland, State of Michigan.
AMERICAN STATE BANK OF WYANDOTTE,
